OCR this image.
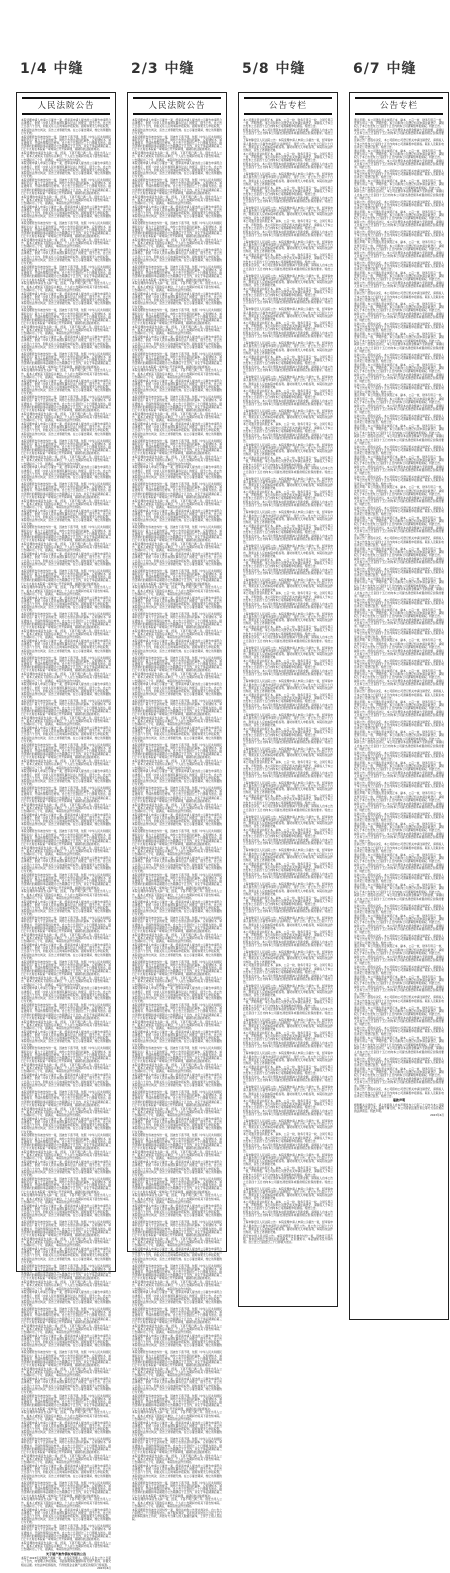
1/4 中缝	2/3 中缝	5/8 中缝	6/7 中缝
人民法院公告

本院受理申请人申请公示催告一案，经审查申请人提出的公示催告申请符合法律规定，依照《中华人民共和国民事诉讼法》的规定，现予公告。自公告之日起六十日内，利害关系人应向本院申报权利。届时如果无人申报权利，本院将依法作出判决，宣告上述票据无效。在公示催告期间，转让该票据的行为无效。

本院受理原告诉被告纠纷一案，因被告下落不明，依照《中华人民共和国民事诉讼法》第九十五条的规定，向你公告送达起诉状副本、应诉通知书、举证通知书、开庭传票等诉讼材料。自公告之日起经过三十日即视为送达。提出答辩状的期限和举证期限为公告期满后十五日内，并定于举证期满后第三日上午九时在本院第一审判庭公开开庭审理，逾期将依法缺席判决。

本院受理的申请宣告失踪一案，经查，下落不明已满二年。现发出寻人公告，希本人或知其下落的有关单位、个人在公告期间内将其下落告知本院。公告期间为三个月，届满后，本院将依法作出判决。

本院受理申请人申请公示催告一案，经审查申请人提出的公示催告申请符合法律规定，依照《中华人民共和国民事诉讼法》的规定，现予公告。自公告之日起六十日内，利害关系人应向本院申报权利。届时如果无人申报权利，本院将依法作出判决，宣告上述票据无效。在公示催告期间，转让该票据的行为无效。

本院受理原告诉被告纠纷一案，因被告下落不明，依照《中华人民共和国民事诉讼法》第九十五条的规定，向你公告送达起诉状副本、应诉通知书、举证通知书、开庭传票等诉讼材料。自公告之日起经过三十日即视为送达。提出答辩状的期限和举证期限为公告期满后十五日内，并定于举证期满后第三日上午九时在本院第一审判庭公开开庭审理，逾期将依法缺席判决。

本院受理的申请宣告失踪一案，经查，下落不明已满二年。现发出寻人公告，希本人或知其下落的有关单位、个人在公告期间内将其下落告知本院。公告期间为三个月，届满后，本院将依法作出判决。

本院受理申请人申请公示催告一案，经审查申请人提出的公示催告申请符合法律规定，依照《中华人民共和国民事诉讼法》的规定，现予公告。自公告之日起六十日内，利害关系人应向本院申报权利。届时如果无人申报权利，本院将依法作出判决，宣告上述票据无效。在公示催告期间，转让该票据的行为无效。

本院受理原告诉被告纠纷一案，因被告下落不明，依照《中华人民共和国民事诉讼法》第九十五条的规定，向你公告送达起诉状副本、应诉通知书、举证通知书、开庭传票等诉讼材料。自公告之日起经过三十日即视为送达。提出答辩状的期限和举证期限为公告期满后十五日内，并定于举证期满后第三日上午九时在本院第一审判庭公开开庭审理，逾期将依法缺席判决。

本院受理的申请宣告失踪一案，经查，下落不明已满二年。现发出寻人公告，希本人或知其下落的有关单位、个人在公告期间内将其下落告知本院。公告期间为三个月，届满后，本院将依法作出判决。

本院受理申请人申请公示催告一案，经审查申请人提出的公示催告申请符合法律规定，依照《中华人民共和国民事诉讼法》的规定，现予公告。自公告之日起六十日内，利害关系人应向本院申报权利。届时如果无人申报权利，本院将依法作出判决，宣告上述票据无效。在公示催告期间，转让该票据的行为无效。

本院受理原告诉被告纠纷一案，因被告下落不明，依照《中华人民共和国民事诉讼法》第九十五条的规定，向你公告送达起诉状副本、应诉通知书、举证通知书、开庭传票等诉讼材料。自公告之日起经过三十日即视为送达。提出答辩状的期限和举证期限为公告期满后十五日内，并定于举证期满后第三日上午九时在本院第一审判庭公开开庭审理，逾期将依法缺席判决。

本院受理的申请宣告失踪一案，经查，下落不明已满二年。现发出寻人公告，希本人或知其下落的有关单位、个人在公告期间内将其下落告知本院。公告期间为三个月，届满后，本院将依法作出判决。

本院受理申请人申请公示催告一案，经审查申请人提出的公示催告申请符合法律规定，依照《中华人民共和国民事诉讼法》的规定，现予公告。自公告之日起六十日内，利害关系人应向本院申报权利。届时如果无人申报权利，本院将依法作出判决，宣告上述票据无效。在公示催告期间，转让该票据的行为无效。

本院受理原告诉被告纠纷一案，因被告下落不明，依照《中华人民共和国民事诉讼法》第九十五条的规定，向你公告送达起诉状副本、应诉通知书、举证通知书、开庭传票等诉讼材料。自公告之日起经过三十日即视为送达。提出答辩状的期限和举证期限为公告期满后十五日内，并定于举证期满后第三日上午九时在本院第一审判庭公开开庭审理，逾期将依法缺席判决。

本院受理的申请宣告失踪一案，经查，下落不明已满二年。现发出寻人公告，希本人或知其下落的有关单位、个人在公告期间内将其下落告知本院。公告期间为三个月，届满后，本院将依法作出判决。

本院受理申请人申请公示催告一案，经审查申请人提出的公示催告申请符合法律规定，依照《中华人民共和国民事诉讼法》的规定，现予公告。自公告之日起六十日内，利害关系人应向本院申报权利。届时如果无人申报权利，本院将依法作出判决，宣告上述票据无效。在公示催告期间，转让该票据的行为无效。

本院受理原告诉被告纠纷一案，因被告下落不明，依照《中华人民共和国民事诉讼法》第九十五条的规定，向你公告送达起诉状副本、应诉通知书、举证通知书、开庭传票等诉讼材料。自公告之日起经过三十日即视为送达。提出答辩状的期限和举证期限为公告期满后十五日内，并定于举证期满后第三日上午九时在本院第一审判庭公开开庭审理，逾期将依法缺席判决。

本院受理的申请宣告失踪一案，经查，下落不明已满二年。现发出寻人公告，希本人或知其下落的有关单位、个人在公告期间内将其下落告知本院。公告期间为三个月，届满后，本院将依法作出判决。

本院受理申请人申请公示催告一案，经审查申请人提出的公示催告申请符合法律规定，依照《中华人民共和国民事诉讼法》的规定，现予公告。自公告之日起六十日内，利害关系人应向本院申报权利。届时如果无人申报权利，本院将依法作出判决，宣告上述票据无效。在公示催告期间，转让该票据的行为无效。

本院受理原告诉被告纠纷一案，因被告下落不明，依照《中华人民共和国民事诉讼法》第九十五条的规定，向你公告送达起诉状副本、应诉通知书、举证通知书、开庭传票等诉讼材料。自公告之日起经过三十日即视为送达。提出答辩状的期限和举证期限为公告期满后十五日内，并定于举证期满后第三日上午九时在本院第一审判庭公开开庭审理，逾期将依法缺席判决。

本院受理的申请宣告失踪一案，经查，下落不明已满二年。现发出寻人公告，希本人或知其下落的有关单位、个人在公告期间内将其下落告知本院。公告期间为三个月，届满后，本院将依法作出判决。

本院受理申请人申请公示催告一案，经审查申请人提出的公示催告申请符合法律规定，依照《中华人民共和国民事诉讼法》的规定，现予公告。自公告之日起六十日内，利害关系人应向本院申报权利。届时如果无人申报权利，本院将依法作出判决，宣告上述票据无效。在公示催告期间，转让该票据的行为无效。

本院受理原告诉被告纠纷一案，因被告下落不明，依照《中华人民共和国民事诉讼法》第九十五条的规定，向你公告送达起诉状副本、应诉通知书、举证通知书、开庭传票等诉讼材料。自公告之日起经过三十日即视为送达。提出答辩状的期限和举证期限为公告期满后十五日内，并定于举证期满后第三日上午九时在本院第一审判庭公开开庭审理，逾期将依法缺席判决。

本院受理的申请宣告失踪一案，经查，下落不明已满二年。现发出寻人公告，希本人或知其下落的有关单位、个人在公告期间内将其下落告知本院。公告期间为三个月，届满后，本院将依法作出判决。

本院受理申请人申请公示催告一案，经审查申请人提出的公示催告申请符合法律规定，依照《中华人民共和国民事诉讼法》的规定，现予公告。自公告之日起六十日内，利害关系人应向本院申报权利。届时如果无人申报权利，本院将依法作出判决，宣告上述票据无效。在公示催告期间，转让该票据的行为无效。

本院受理原告诉被告纠纷一案，因被告下落不明，依照《中华人民共和国民事诉讼法》第九十五条的规定，向你公告送达起诉状副本、应诉通知书、举证通知书、开庭传票等诉讼材料。自公告之日起经过三十日即视为送达。提出答辩状的期限和举证期限为公告期满后十五日内，并定于举证期满后第三日上午九时在本院第一审判庭公开开庭审理，逾期将依法缺席判决。

本院受理的申请宣告失踪一案，经查，下落不明已满二年。现发出寻人公告，希本人或知其下落的有关单位、个人在公告期间内将其下落告知本院。公告期间为三个月，届满后，本院将依法作出判决。

本院受理申请人申请公示催告一案，经审查申请人提出的公示催告申请符合法律规定，依照《中华人民共和国民事诉讼法》的规定，现予公告。自公告之日起六十日内，利害关系人应向本院申报权利。届时如果无人申报权利，本院将依法作出判决，宣告上述票据无效。在公示催告期间，转让该票据的行为无效。

本院受理原告诉被告纠纷一案，因被告下落不明，依照《中华人民共和国民事诉讼法》第九十五条的规定，向你公告送达起诉状副本、应诉通知书、举证通知书、开庭传票等诉讼材料。自公告之日起经过三十日即视为送达。提出答辩状的期限和举证期限为公告期满后十五日内，并定于举证期满后第三日上午九时在本院第一审判庭公开开庭审理，逾期将依法缺席判决。

本院受理的申请宣告失踪一案，经查，下落不明已满二年。现发出寻人公告，希本人或知其下落的有关单位、个人在公告期间内将其下落告知本院。公告期间为三个月，届满后，本院将依法作出判决。

本院受理申请人申请公示催告一案，经审查申请人提出的公示催告申请符合法律规定，依照《中华人民共和国民事诉讼法》的规定，现予公告。自公告之日起六十日内，利害关系人应向本院申报权利。届时如果无人申报权利，本院将依法作出判决，宣告上述票据无效。在公示催告期间，转让该票据的行为无效。

本院受理原告诉被告纠纷一案，因被告下落不明，依照《中华人民共和国民事诉讼法》第九十五条的规定，向你公告送达起诉状副本、应诉通知书、举证通知书、开庭传票等诉讼材料。自公告之日起经过三十日即视为送达。提出答辩状的期限和举证期限为公告期满后十五日内，并定于举证期满后第三日上午九时在本院第一审判庭公开开庭审理，逾期将依法缺席判决。

本院受理的申请宣告失踪一案，经查，下落不明已满二年。现发出寻人公告，希本人或知其下落的有关单位、个人在公告期间内将其下落告知本院。公告期间为三个月，届满后，本院将依法作出判决。

本院受理申请人申请公示催告一案，经审查申请人提出的公示催告申请符合法律规定，依照《中华人民共和国民事诉讼法》的规定，现予公告。自公告之日起六十日内，利害关系人应向本院申报权利。届时如果无人申报权利，本院将依法作出判决，宣告上述票据无效。在公示催告期间，转让该票据的行为无效。

本院受理原告诉被告纠纷一案，因被告下落不明，依照《中华人民共和国民事诉讼法》第九十五条的规定，向你公告送达起诉状副本、应诉通知书、举证通知书、开庭传票等诉讼材料。自公告之日起经过三十日即视为送达。提出答辩状的期限和举证期限为公告期满后十五日内，并定于举证期满后第三日上午九时在本院第一审判庭公开开庭审理，逾期将依法缺席判决。

本院受理的申请宣告失踪一案，经查，下落不明已满二年。现发出寻人公告，希本人或知其下落的有关单位、个人在公告期间内将其下落告知本院。公告期间为三个月，届满后，本院将依法作出判决。

本院受理申请人申请公示催告一案，经审查申请人提出的公示催告申请符合法律规定，依照《中华人民共和国民事诉讼法》的规定，现予公告。自公告之日起六十日内，利害关系人应向本院申报权利。届时如果无人申报权利，本院将依法作出判决，宣告上述票据无效。在公示催告期间，转让该票据的行为无效。

本院受理原告诉被告纠纷一案，因被告下落不明，依照《中华人民共和国民事诉讼法》第九十五条的规定，向你公告送达起诉状副本、应诉通知书、举证通知书、开庭传票等诉讼材料。自公告之日起经过三十日即视为送达。提出答辩状的期限和举证期限为公告期满后十五日内，并定于举证期满后第三日上午九时在本院第一审判庭公开开庭审理，逾期将依法缺席判决。

本院受理的申请宣告失踪一案，经查，下落不明已满二年。现发出寻人公告，希本人或知其下落的有关单位、个人在公告期间内将其下落告知本院。公告期间为三个月，届满后，本院将依法作出判决。

本院受理申请人申请公示催告一案，经审查申请人提出的公示催告申请符合法律规定，依照《中华人民共和国民事诉讼法》的规定，现予公告。自公告之日起六十日内，利害关系人应向本院申报权利。届时如果无人申报权利，本院将依法作出判决，宣告上述票据无效。在公示催告期间，转让该票据的行为无效。

本院受理原告诉被告纠纷一案，因被告下落不明，依照《中华人民共和国民事诉讼法》第九十五条的规定，向你公告送达起诉状副本、应诉通知书、举证通知书、开庭传票等诉讼材料。自公告之日起经过三十日即视为送达。提出答辩状的期限和举证期限为公告期满后十五日内，并定于举证期满后第三日上午九时在本院第一审判庭公开开庭审理，逾期将依法缺席判决。

本院受理的申请宣告失踪一案，经查，下落不明已满二年。现发出寻人公告，希本人或知其下落的有关单位、个人在公告期间内将其下落告知本院。公告期间为三个月，届满后，本院将依法作出判决。

本院受理申请人申请公示催告一案，经审查申请人提出的公示催告申请符合法律规定，依照《中华人民共和国民事诉讼法》的规定，现予公告。自公告之日起六十日内，利害关系人应向本院申报权利。届时如果无人申报权利，本院将依法作出判决，宣告上述票据无效。在公示催告期间，转让该票据的行为无效。

本院受理原告诉被告纠纷一案，因被告下落不明，依照《中华人民共和国民事诉讼法》第九十五条的规定，向你公告送达起诉状副本、应诉通知书、举证通知书、开庭传票等诉讼材料。自公告之日起经过三十日即视为送达。提出答辩状的期限和举证期限为公告期满后十五日内，并定于举证期满后第三日上午九时在本院第一审判庭公开开庭审理，逾期将依法缺席判决。

本院受理的申请宣告失踪一案，经查，下落不明已满二年。现发出寻人公告，希本人或知其下落的有关单位、个人在公告期间内将其下落告知本院。公告期间为三个月，届满后，本院将依法作出判决。

本院受理申请人申请公示催告一案，经审查申请人提出的公示催告申请符合法律规定，依照《中华人民共和国民事诉讼法》的规定，现予公告。自公告之日起六十日内，利害关系人应向本院申报权利。届时如果无人申报权利，本院将依法作出判决，宣告上述票据无效。在公示催告期间，转让该票据的行为无效。

本院受理原告诉被告纠纷一案，因被告下落不明，依照《中华人民共和国民事诉讼法》第九十五条的规定，向你公告送达起诉状副本、应诉通知书、举证通知书、开庭传票等诉讼材料。自公告之日起经过三十日即视为送达。提出答辩状的期限和举证期限为公告期满后十五日内，并定于举证期满后第三日上午九时在本院第一审判庭公开开庭审理，逾期将依法缺席判决。

本院受理的申请宣告失踪一案，经查，下落不明已满二年。现发出寻人公告，希本人或知其下落的有关单位、个人在公告期间内将其下落告知本院。公告期间为三个月，届满后，本院将依法作出判决。

本院受理申请人申请公示催告一案，经审查申请人提出的公示催告申请符合法律规定，依照《中华人民共和国民事诉讼法》的规定，现予公告。自公告之日起六十日内，利害关系人应向本院申报权利。届时如果无人申报权利，本院将依法作出判决，宣告上述票据无效。在公示催告期间，转让该票据的行为无效。

本院受理原告诉被告纠纷一案，因被告下落不明，依照《中华人民共和国民事诉讼法》第九十五条的规定，向你公告送达起诉状副本、应诉通知书、举证通知书、开庭传票等诉讼材料。自公告之日起经过三十日即视为送达。提出答辩状的期限和举证期限为公告期满后十五日内，并定于举证期满后第三日上午九时在本院第一审判庭公开开庭审理，逾期将依法缺席判决。

本院受理的申请宣告失踪一案，经查，下落不明已满二年。现发出寻人公告，希本人或知其下落的有关单位、个人在公告期间内将其下落告知本院。公告期间为三个月，届满后，本院将依法作出判决。

本院受理申请人申请公示催告一案，经审查申请人提出的公示催告申请符合法律规定，依照《中华人民共和国民事诉讼法》的规定，现予公告。自公告之日起六十日内，利害关系人应向本院申报权利。届时如果无人申报权利，本院将依法作出判决，宣告上述票据无效。在公示催告期间，转让该票据的行为无效。

本院受理原告诉被告纠纷一案，因被告下落不明，依照《中华人民共和国民事诉讼法》第九十五条的规定，向你公告送达起诉状副本、应诉通知书、举证通知书、开庭传票等诉讼材料。自公告之日起经过三十日即视为送达。提出答辩状的期限和举证期限为公告期满后十五日内，并定于举证期满后第三日上午九时在本院第一审判庭公开开庭审理，逾期将依法缺席判决。

本院受理的申请宣告失踪一案，经查，下落不明已满二年。现发出寻人公告，希本人或知其下落的有关单位、个人在公告期间内将其下落告知本院。公告期间为三个月，届满后，本院将依法作出判决。

本院受理申请人申请公示催告一案，经审查申请人提出的公示催告申请符合法律规定，依照《中华人民共和国民事诉讼法》的规定，现予公告。自公告之日起六十日内，利害关系人应向本院申报权利。届时如果无人申报权利，本院将依法作出判决，宣告上述票据无效。在公示催告期间，转让该票据的行为无效。

本院受理原告诉被告纠纷一案，因被告下落不明，依照《中华人民共和国民事诉讼法》第九十五条的规定，向你公告送达起诉状副本、应诉通知书、举证通知书、开庭传票等诉讼材料。自公告之日起经过三十日即视为送达。提出答辩状的期限和举证期限为公告期满后十五日内，并定于举证期满后第三日上午九时在本院第一审判庭公开开庭审理，逾期将依法缺席判决。

本院受理的申请宣告失踪一案，经查，下落不明已满二年。现发出寻人公告，希本人或知其下落的有关单位、个人在公告期间内将其下落告知本院。公告期间为三个月，届满后，本院将依法作出判决。

本院受理申请人申请公示催告一案，经审查申请人提出的公示催告申请符合法律规定，依照《中华人民共和国民事诉讼法》的规定，现予公告。自公告之日起六十日内，利害关系人应向本院申报权利。届时如果无人申报权利，本院将依法作出判决，宣告上述票据无效。在公示催告期间，转让该票据的行为无效。

本院受理原告诉被告纠纷一案，因被告下落不明，依照《中华人民共和国民事诉讼法》第九十五条的规定，向你公告送达起诉状副本、应诉通知书、举证通知书、开庭传票等诉讼材料。自公告之日起经过三十日即视为送达。提出答辩状的期限和举证期限为公告期满后十五日内，并定于举证期满后第三日上午九时在本院第一审判庭公开开庭审理，逾期将依法缺席判决。

本院受理的申请宣告失踪一案，经查，下落不明已满二年。现发出寻人公告，希本人或知其下落的有关单位、个人在公告期间内将其下落告知本院。公告期间为三个月，届满后，本院将依法作出判决。

本院受理申请人申请公示催告一案，经审查申请人提出的公示催告申请符合法律规定，依照《中华人民共和国民事诉讼法》的规定，现予公告。自公告之日起六十日内，利害关系人应向本院申报权利。届时如果无人申报权利，本院将依法作出判决，宣告上述票据无效。在公示催告期间，转让该票据的行为无效。

本院受理原告诉被告纠纷一案，因被告下落不明，依照《中华人民共和国民事诉讼法》第九十五条的规定，向你公告送达起诉状副本、应诉通知书、举证通知书、开庭传票等诉讼材料。自公告之日起经过三十日即视为送达。提出答辩状的期限和举证期限为公告期满后十五日内，并定于举证期满后第三日上午九时在本院第一审判庭公开开庭审理，逾期将依法缺席判决。

本院受理的申请宣告失踪一案，经查，下落不明已满二年。现发出寻人公告，希本人或知其下落的有关单位、个人在公告期间内将其下落告知本院。公告期间为三个月，届满后，本院将依法作出判决。

本院受理申请人申请公示催告一案，经审查申请人提出的公示催告申请符合法律规定，依照《中华人民共和国民事诉讼法》的规定，现予公告。自公告之日起六十日内，利害关系人应向本院申报权利。届时如果无人申报权利，本院将依法作出判决，宣告上述票据无效。在公示催告期间，转让该票据的行为无效。

本院受理原告诉被告纠纷一案，因被告下落不明，依照《中华人民共和国民事诉讼法》第九十五条的规定，向你公告送达起诉状副本、应诉通知书、举证通知书、开庭传票等诉讼材料。自公告之日起经过三十日即视为送达。提出答辩状的期限和举证期限为公告期满后十五日内，并定于举证期满后第三日上午九时在本院第一审判庭公开开庭审理，逾期将依法缺席判决。

本院受理的申请宣告失踪一案，经查，下落不明已满二年。现发出寻人公告，希本人或知其下落的有关单位、个人在公告期间内将其下落告知本院。公告期间为三个月，届满后，本院将依法作出判决。

本院受理申请人申请公示催告一案，经审查申请人提出的公示催告申请符合法律规定，依照《中华人民共和国民事诉讼法》的规定，现予公告。自公告之日起六十日内，利害关系人应向本院申报权利。届时如果无人申报权利，本院将依法作出判决，宣告上述票据无效。在公示催告期间，转让该票据的行为无效。

本院受理原告诉被告纠纷一案，因被告下落不明，依照《中华人民共和国民事诉讼法》第九十五条的规定，向你公告送达起诉状副本、应诉通知书、举证通知书、开庭传票等诉讼材料。自公告之日起经过三十日即视为送达。提出答辩状的期限和举证期限为公告期满后十五日内，并定于举证期满后第三日上午九时在本院第一审判庭公开开庭审理，逾期将依法缺席判决。

本院受理的申请宣告失踪一案，经查，下落不明已满二年。现发出寻人公告，希本人或知其下落的有关单位、个人在公告期间内将其下落告知本院。公告期间为三个月，届满后，本院将依法作出判决。

本院受理申请人申请公示催告一案，经审查申请人提出的公示催告申请符合法律规定，依照《中华人民共和国民事诉讼法》的规定，现予公告。自公告之日起六十日内，利害关系人应向本院申报权利。届时如果无人申报权利，本院将依法作出判决，宣告上述票据无效。在公示催告期间，转让该票据的行为无效。

本院受理原告诉被告纠纷一案，因被告下落不明，依照《中华人民共和国民事诉讼法》第九十五条的规定，向你公告送达起诉状副本、应诉通知书、举证通知书、开庭传票等诉讼材料。自公告之日起经过三十日即视为送达。提出答辩状的期限和举证期限为公告期满后十五日内，并定于举证期满后第三日上午九时在本院第一审判庭公开开庭审理，逾期将依法缺席判决。

本院受理的申请宣告失踪一案，经查，下落不明已满二年。现发出寻人公告，希本人或知其下落的有关单位、个人在公告期间内将其下落告知本院。公告期间为三个月，届满后，本院将依法作出判决。

本院受理申请人申请公示催告一案，经审查申请人提出的公示催告申请符合法律规定，依照《中华人民共和国民事诉讼法》的规定，现予公告。自公告之日起六十日内，利害关系人应向本院申报权利。届时如果无人申报权利，本院将依法作出判决，宣告上述票据无效。在公示催告期间，转让该票据的行为无效。

本院受理原告诉被告纠纷一案，因被告下落不明，依照《中华人民共和国民事诉讼法》第九十五条的规定，向你公告送达起诉状副本、应诉通知书、举证通知书、开庭传票等诉讼材料。自公告之日起经过三十日即视为送达。提出答辩状的期限和举证期限为公告期满后十五日内，并定于举证期满后第三日上午九时在本院第一审判庭公开开庭审理，逾期将依法缺席判决。

本院受理的申请宣告失踪一案，经查，下落不明已满二年。现发出寻人公告，希本人或知其下落的有关单位、个人在公告期间内将其下落告知本院。公告期间为三个月，届满后，本院将依法作出判决。

本院受理申请人申请公示催告一案，经审查申请人提出的公示催告申请符合法律规定，依照《中华人民共和国民事诉讼法》的规定，现予公告。自公告之日起六十日内，利害关系人应向本院申报权利。届时如果无人申报权利，本院将依法作出判决，宣告上述票据无效。在公示催告期间，转让该票据的行为无效。

本院受理原告诉被告纠纷一案，因被告下落不明，依照《中华人民共和国民事诉讼法》第九十五条的规定，向你公告送达起诉状副本、应诉通知书、举证通知书、开庭传票等诉讼材料。自公告之日起经过三十日即视为送达。提出答辩状的期限和举证期限为公告期满后十五日内，并定于举证期满后第三日上午九时在本院第一审判庭公开开庭审理，逾期将依法缺席判决。

本院受理的申请宣告失踪一案，经查，下落不明已满二年。现发出寻人公告，希本人或知其下落的有关单位、个人在公告期间内将其下落告知本院。公告期间为三个月，届满后，本院将依法作出判决。

本院受理申请人申请公示催告一案，经审查申请人提出的公示催告申请符合法律规定，依照《中华人民共和国民事诉讼法》的规定，现予公告。自公告之日起六十日内，利害关系人应向本院申报权利。届时如果无人申报权利，本院将依法作出判决，宣告上述票据无效。在公示催告期间，转让该票据的行为无效。

本院受理原告诉被告纠纷一案，因被告下落不明，依照《中华人民共和国民事诉讼法》第九十五条的规定，向你公告送达起诉状副本、应诉通知书、举证通知书、开庭传票等诉讼材料。自公告之日起经过三十日即视为送达。提出答辩状的期限和举证期限为公告期满后十五日内，并定于举证期满后第三日上午九时在本院第一审判庭公开开庭审理，逾期将依法缺席判决。

本院受理的申请宣告失踪一案，经查，下落不明已满二年。现发出寻人公告，希本人或知其下落的有关单位、个人在公告期间内将其下落告知本院。公告期间为三个月，届满后，本院将依法作出判决。

本院受理申请人申请公示催告一案，经审查申请人提出的公示催告申请符合法律规定，依照《中华人民共和国民事诉讼法》的规定，现予公告。自公告之日起六十日内，利害关系人应向本院申报权利。届时如果无人申报权利，本院将依法作出判决，宣告上述票据无效。在公示催告期间，转让该票据的行为无效。

本院受理原告诉被告纠纷一案，因被告下落不明，依照《中华人民共和国民事诉讼法》第九十五条的规定，向你公告送达起诉状副本、应诉通知书、举证通知书、开庭传票等诉讼材料。自公告之日起经过三十日即视为送达。提出答辩状的期限和举证期限为公告期满后十五日内，并定于举证期满后第三日上午九时在本院第一审判庭公开开庭审理，逾期将依法缺席判决。

本院受理的申请宣告失踪一案，经查，下落不明已满二年。现发出寻人公告，希本人或知其下落的有关单位、个人在公告期间内将其下落告知本院。公告期间为三个月，届满后，本院将依法作出判决。

本院受理申请人申请公示催告一案，经审查申请人提出的公示催告申请符合法律规定，依照《中华人民共和国民事诉讼法》的规定，现予公告。自公告之日起六十日内，利害关系人应向本院申报权利。届时如果无人申报权利，本院将依法作出判决，宣告上述票据无效。在公示催告期间，转让该票据的行为无效。

本院受理原告诉被告纠纷一案，因被告下落不明，依照《中华人民共和国民事诉讼法》第九十五条的规定，向你公告送达起诉状副本、应诉通知书、举证通知书、开庭传票等诉讼材料。自公告之日起经过三十日即视为送达。提出答辩状的期限和举证期限为公告期满后十五日内，并定于举证期满后第三日上午九时在本院第一审判庭公开开庭审理，逾期将依法缺席判决。

本院受理的申请宣告失踪一案，经查，下落不明已满二年。现发出寻人公告，希本人或知其下落的有关单位、个人在公告期间内将其下落告知本院。公告期间为三个月，届满后，本院将依法作出判决。

本院受理申请人申请公示催告一案，经审查申请人提出的公示催告申请符合法律规定，依照《中华人民共和国民事诉讼法》的规定，现予公告。自公告之日起六十日内，利害关系人应向本院申报权利。届时如果无人申报权利，本院将依法作出判决，宣告上述票据无效。在公示催告期间，转让该票据的行为无效。

本院受理原告诉被告纠纷一案，因被告下落不明，依照《中华人民共和国民事诉讼法》第九十五条的规定，向你公告送达起诉状副本、应诉通知书、举证通知书、开庭传票等诉讼材料。自公告之日起经过三十日即视为送达。提出答辩状的期限和举证期限为公告期满后十五日内，并定于举证期满后第三日上午九时在本院第一审判庭公开开庭审理，逾期将依法缺席判决。

本院受理的申请宣告失踪一案，经查，下落不明已满二年。现发出寻人公告，希本人或知其下落的有关单位、个人在公告期间内将其下落告知本院。公告期间为三个月，届满后，本院将依法作出判决。

本院受理申请人申请公示催告一案，经审查申请人提出的公示催告申请符合法律规定，依照《中华人民共和国民事诉讼法》的规定，现予公告。自公告之日起六十日内，利害关系人应向本院申报权利。届时如果无人申报权利，本院将依法作出判决，宣告上述票据无效。在公示催告期间，转让该票据的行为无效。

本院受理原告诉被告纠纷一案，因被告下落不明，依照《中华人民共和国民事诉讼法》第九十五条的规定，向你公告送达起诉状副本、应诉通知书、举证通知书、开庭传票等诉讼材料。自公告之日起经过三十日即视为送达。提出答辩状的期限和举证期限为公告期满后十五日内，并定于举证期满后第三日上午九时在本院第一审判庭公开开庭审理，逾期将依法缺席判决。

本院受理的申请宣告失踪一案，经查，下落不明已满二年。现发出寻人公告，希本人或知其下落的有关单位、个人在公告期间内将其下落告知本院。公告期间为三个月，届满后，本院将依法作出判决。

本院受理申请人申请公示催告一案，经审查申请人提出的公示催告申请符合法律规定，依照《中华人民共和国民事诉讼法》的规定，现予公告。自公告之日起六十日内，利害关系人应向本院申报权利。届时如果无人申报权利，本院将依法作出判决，宣告上述票据无效。在公示催告期间，转让该票据的行为无效。

本院受理原告诉被告纠纷一案，因被告下落不明，依照《中华人民共和国民事诉讼法》第九十五条的规定，向你公告送达起诉状副本、应诉通知书、举证通知书、开庭传票等诉讼材料。自公告之日起经过三十日即视为送达。提出答辩状的期限和举证期限为公告期满后十五日内，并定于举证期满后第三日上午九时在本院第一审判庭公开开庭审理，逾期将依法缺席判决。

本院受理的申请宣告失踪一案，经查，下落不明已满二年。现发出寻人公告，希本人或知其下落的有关单位、个人在公告期间内将其下落告知本院。公告期间为三个月，届满后，本院将依法作出判决。

本院受理申请人申请公示催告一案，经审查申请人提出的公示催告申请符合法律规定，依照《中华人民共和国民事诉讼法》的规定，现予公告。自公告之日起六十日内，利害关系人应向本院申报权利。届时如果无人申报权利，本院将依法作出判决，宣告上述票据无效。在公示催告期间，转让该票据的行为无效。

本院受理原告诉被告纠纷一案，因被告下落不明，依照《中华人民共和国民事诉讼法》第九十五条的规定，向你公告送达起诉状副本、应诉通知书、举证通知书、开庭传票等诉讼材料。自公告之日起经过三十日即视为送达。提出答辩状的期限和举证期限为公告期满后十五日内，并定于举证期满后第三日上午九时在本院第一审判庭公开开庭审理，逾期将依法缺席判决。

本院受理的申请宣告失踪一案，经查，下落不明已满二年。现发出寻人公告，希本人或知其下落的有关单位、个人在公告期间内将其下落告知本院。公告期间为三个月，届满后，本院将依法作出判决。

关于破产案件债权申报的公告

本院于2023年受理破产清算一案，并指定管理人。债权人应自公告之日起三十日内，向管理人申报债权，书面说明债权数额和有无财产担保，并提交相关证据。未依法申报债权的，不得依照企业破产法规定的程序行使权利。

2023年6月
人民法院公告

本院受理申请人申请公示催告一案，经审查申请人提出的公示催告申请符合法律规定，依照《中华人民共和国民事诉讼法》的规定，现予公告。自公告之日起六十日内，利害关系人应向本院申报权利。届时如果无人申报权利，本院将依法作出判决，宣告上述票据无效。在公示催告期间，转让该票据的行为无效。

本院受理原告诉被告纠纷一案，因被告下落不明，依照《中华人民共和国民事诉讼法》第九十五条的规定，向你公告送达起诉状副本、应诉通知书、举证通知书、开庭传票等诉讼材料。自公告之日起经过三十日即视为送达。提出答辩状的期限和举证期限为公告期满后十五日内，并定于举证期满后第三日上午九时在本院第一审判庭公开开庭审理，逾期将依法缺席判决。

本院受理的申请宣告失踪一案，经查，下落不明已满二年。现发出寻人公告，希本人或知其下落的有关单位、个人在公告期间内将其下落告知本院。公告期间为三个月，届满后，本院将依法作出判决。

本院受理申请人申请公示催告一案，经审查申请人提出的公示催告申请符合法律规定，依照《中华人民共和国民事诉讼法》的规定，现予公告。自公告之日起六十日内，利害关系人应向本院申报权利。届时如果无人申报权利，本院将依法作出判决，宣告上述票据无效。在公示催告期间，转让该票据的行为无效。

本院受理原告诉被告纠纷一案，因被告下落不明，依照《中华人民共和国民事诉讼法》第九十五条的规定，向你公告送达起诉状副本、应诉通知书、举证通知书、开庭传票等诉讼材料。自公告之日起经过三十日即视为送达。提出答辩状的期限和举证期限为公告期满后十五日内，并定于举证期满后第三日上午九时在本院第一审判庭公开开庭审理，逾期将依法缺席判决。

本院受理的申请宣告失踪一案，经查，下落不明已满二年。现发出寻人公告，希本人或知其下落的有关单位、个人在公告期间内将其下落告知本院。公告期间为三个月，届满后，本院将依法作出判决。

本院受理申请人申请公示催告一案，经审查申请人提出的公示催告申请符合法律规定，依照《中华人民共和国民事诉讼法》的规定，现予公告。自公告之日起六十日内，利害关系人应向本院申报权利。届时如果无人申报权利，本院将依法作出判决，宣告上述票据无效。在公示催告期间，转让该票据的行为无效。

本院受理原告诉被告纠纷一案，因被告下落不明，依照《中华人民共和国民事诉讼法》第九十五条的规定，向你公告送达起诉状副本、应诉通知书、举证通知书、开庭传票等诉讼材料。自公告之日起经过三十日即视为送达。提出答辩状的期限和举证期限为公告期满后十五日内，并定于举证期满后第三日上午九时在本院第一审判庭公开开庭审理，逾期将依法缺席判决。

本院受理的申请宣告失踪一案，经查，下落不明已满二年。现发出寻人公告，希本人或知其下落的有关单位、个人在公告期间内将其下落告知本院。公告期间为三个月，届满后，本院将依法作出判决。

本院受理申请人申请公示催告一案，经审查申请人提出的公示催告申请符合法律规定，依照《中华人民共和国民事诉讼法》的规定，现予公告。自公告之日起六十日内，利害关系人应向本院申报权利。届时如果无人申报权利，本院将依法作出判决，宣告上述票据无效。在公示催告期间，转让该票据的行为无效。

本院受理原告诉被告纠纷一案，因被告下落不明，依照《中华人民共和国民事诉讼法》第九十五条的规定，向你公告送达起诉状副本、应诉通知书、举证通知书、开庭传票等诉讼材料。自公告之日起经过三十日即视为送达。提出答辩状的期限和举证期限为公告期满后十五日内，并定于举证期满后第三日上午九时在本院第一审判庭公开开庭审理，逾期将依法缺席判决。

本院受理的申请宣告失踪一案，经查，下落不明已满二年。现发出寻人公告，希本人或知其下落的有关单位、个人在公告期间内将其下落告知本院。公告期间为三个月，届满后，本院将依法作出判决。

本院受理申请人申请公示催告一案，经审查申请人提出的公示催告申请符合法律规定，依照《中华人民共和国民事诉讼法》的规定，现予公告。自公告之日起六十日内，利害关系人应向本院申报权利。届时如果无人申报权利，本院将依法作出判决，宣告上述票据无效。在公示催告期间，转让该票据的行为无效。

本院受理原告诉被告纠纷一案，因被告下落不明，依照《中华人民共和国民事诉讼法》第九十五条的规定，向你公告送达起诉状副本、应诉通知书、举证通知书、开庭传票等诉讼材料。自公告之日起经过三十日即视为送达。提出答辩状的期限和举证期限为公告期满后十五日内，并定于举证期满后第三日上午九时在本院第一审判庭公开开庭审理，逾期将依法缺席判决。

本院受理的申请宣告失踪一案，经查，下落不明已满二年。现发出寻人公告，希本人或知其下落的有关单位、个人在公告期间内将其下落告知本院。公告期间为三个月，届满后，本院将依法作出判决。

本院受理申请人申请公示催告一案，经审查申请人提出的公示催告申请符合法律规定，依照《中华人民共和国民事诉讼法》的规定，现予公告。自公告之日起六十日内，利害关系人应向本院申报权利。届时如果无人申报权利，本院将依法作出判决，宣告上述票据无效。在公示催告期间，转让该票据的行为无效。

本院受理原告诉被告纠纷一案，因被告下落不明，依照《中华人民共和国民事诉讼法》第九十五条的规定，向你公告送达起诉状副本、应诉通知书、举证通知书、开庭传票等诉讼材料。自公告之日起经过三十日即视为送达。提出答辩状的期限和举证期限为公告期满后十五日内，并定于举证期满后第三日上午九时在本院第一审判庭公开开庭审理，逾期将依法缺席判决。

本院受理的申请宣告失踪一案，经查，下落不明已满二年。现发出寻人公告，希本人或知其下落的有关单位、个人在公告期间内将其下落告知本院。公告期间为三个月，届满后，本院将依法作出判决。

本院受理申请人申请公示催告一案，经审查申请人提出的公示催告申请符合法律规定，依照《中华人民共和国民事诉讼法》的规定，现予公告。自公告之日起六十日内，利害关系人应向本院申报权利。届时如果无人申报权利，本院将依法作出判决，宣告上述票据无效。在公示催告期间，转让该票据的行为无效。

本院受理原告诉被告纠纷一案，因被告下落不明，依照《中华人民共和国民事诉讼法》第九十五条的规定，向你公告送达起诉状副本、应诉通知书、举证通知书、开庭传票等诉讼材料。自公告之日起经过三十日即视为送达。提出答辩状的期限和举证期限为公告期满后十五日内，并定于举证期满后第三日上午九时在本院第一审判庭公开开庭审理，逾期将依法缺席判决。

本院受理的申请宣告失踪一案，经查，下落不明已满二年。现发出寻人公告，希本人或知其下落的有关单位、个人在公告期间内将其下落告知本院。公告期间为三个月，届满后，本院将依法作出判决。

本院受理申请人申请公示催告一案，经审查申请人提出的公示催告申请符合法律规定，依照《中华人民共和国民事诉讼法》的规定，现予公告。自公告之日起六十日内，利害关系人应向本院申报权利。届时如果无人申报权利，本院将依法作出判决，宣告上述票据无效。在公示催告期间，转让该票据的行为无效。

本院受理原告诉被告纠纷一案，因被告下落不明，依照《中华人民共和国民事诉讼法》第九十五条的规定，向你公告送达起诉状副本、应诉通知书、举证通知书、开庭传票等诉讼材料。自公告之日起经过三十日即视为送达。提出答辩状的期限和举证期限为公告期满后十五日内，并定于举证期满后第三日上午九时在本院第一审判庭公开开庭审理，逾期将依法缺席判决。

本院受理的申请宣告失踪一案，经查，下落不明已满二年。现发出寻人公告，希本人或知其下落的有关单位、个人在公告期间内将其下落告知本院。公告期间为三个月，届满后，本院将依法作出判决。

本院受理申请人申请公示催告一案，经审查申请人提出的公示催告申请符合法律规定，依照《中华人民共和国民事诉讼法》的规定，现予公告。自公告之日起六十日内，利害关系人应向本院申报权利。届时如果无人申报权利，本院将依法作出判决，宣告上述票据无效。在公示催告期间，转让该票据的行为无效。

本院受理原告诉被告纠纷一案，因被告下落不明，依照《中华人民共和国民事诉讼法》第九十五条的规定，向你公告送达起诉状副本、应诉通知书、举证通知书、开庭传票等诉讼材料。自公告之日起经过三十日即视为送达。提出答辩状的期限和举证期限为公告期满后十五日内，并定于举证期满后第三日上午九时在本院第一审判庭公开开庭审理，逾期将依法缺席判决。

本院受理的申请宣告失踪一案，经查，下落不明已满二年。现发出寻人公告，希本人或知其下落的有关单位、个人在公告期间内将其下落告知本院。公告期间为三个月，届满后，本院将依法作出判决。

本院受理申请人申请公示催告一案，经审查申请人提出的公示催告申请符合法律规定，依照《中华人民共和国民事诉讼法》的规定，现予公告。自公告之日起六十日内，利害关系人应向本院申报权利。届时如果无人申报权利，本院将依法作出判决，宣告上述票据无效。在公示催告期间，转让该票据的行为无效。

本院受理原告诉被告纠纷一案，因被告下落不明，依照《中华人民共和国民事诉讼法》第九十五条的规定，向你公告送达起诉状副本、应诉通知书、举证通知书、开庭传票等诉讼材料。自公告之日起经过三十日即视为送达。提出答辩状的期限和举证期限为公告期满后十五日内，并定于举证期满后第三日上午九时在本院第一审判庭公开开庭审理，逾期将依法缺席判决。

本院受理的申请宣告失踪一案，经查，下落不明已满二年。现发出寻人公告，希本人或知其下落的有关单位、个人在公告期间内将其下落告知本院。公告期间为三个月，届满后，本院将依法作出判决。

本院受理申请人申请公示催告一案，经审查申请人提出的公示催告申请符合法律规定，依照《中华人民共和国民事诉讼法》的规定，现予公告。自公告之日起六十日内，利害关系人应向本院申报权利。届时如果无人申报权利，本院将依法作出判决，宣告上述票据无效。在公示催告期间，转让该票据的行为无效。

本院受理原告诉被告纠纷一案，因被告下落不明，依照《中华人民共和国民事诉讼法》第九十五条的规定，向你公告送达起诉状副本、应诉通知书、举证通知书、开庭传票等诉讼材料。自公告之日起经过三十日即视为送达。提出答辩状的期限和举证期限为公告期满后十五日内，并定于举证期满后第三日上午九时在本院第一审判庭公开开庭审理，逾期将依法缺席判决。

本院受理的申请宣告失踪一案，经查，下落不明已满二年。现发出寻人公告，希本人或知其下落的有关单位、个人在公告期间内将其下落告知本院。公告期间为三个月，届满后，本院将依法作出判决。

本院受理申请人申请公示催告一案，经审查申请人提出的公示催告申请符合法律规定，依照《中华人民共和国民事诉讼法》的规定，现予公告。自公告之日起六十日内，利害关系人应向本院申报权利。届时如果无人申报权利，本院将依法作出判决，宣告上述票据无效。在公示催告期间，转让该票据的行为无效。

本院受理原告诉被告纠纷一案，因被告下落不明，依照《中华人民共和国民事诉讼法》第九十五条的规定，向你公告送达起诉状副本、应诉通知书、举证通知书、开庭传票等诉讼材料。自公告之日起经过三十日即视为送达。提出答辩状的期限和举证期限为公告期满后十五日内，并定于举证期满后第三日上午九时在本院第一审判庭公开开庭审理，逾期将依法缺席判决。

本院受理的申请宣告失踪一案，经查，下落不明已满二年。现发出寻人公告，希本人或知其下落的有关单位、个人在公告期间内将其下落告知本院。公告期间为三个月，届满后，本院将依法作出判决。

本院受理申请人申请公示催告一案，经审查申请人提出的公示催告申请符合法律规定，依照《中华人民共和国民事诉讼法》的规定，现予公告。自公告之日起六十日内，利害关系人应向本院申报权利。届时如果无人申报权利，本院将依法作出判决，宣告上述票据无效。在公示催告期间，转让该票据的行为无效。

本院受理原告诉被告纠纷一案，因被告下落不明，依照《中华人民共和国民事诉讼法》第九十五条的规定，向你公告送达起诉状副本、应诉通知书、举证通知书、开庭传票等诉讼材料。自公告之日起经过三十日即视为送达。提出答辩状的期限和举证期限为公告期满后十五日内，并定于举证期满后第三日上午九时在本院第一审判庭公开开庭审理，逾期将依法缺席判决。

本院受理的申请宣告失踪一案，经查，下落不明已满二年。现发出寻人公告，希本人或知其下落的有关单位、个人在公告期间内将其下落告知本院。公告期间为三个月，届满后，本院将依法作出判决。

本院受理申请人申请公示催告一案，经审查申请人提出的公示催告申请符合法律规定，依照《中华人民共和国民事诉讼法》的规定，现予公告。自公告之日起六十日内，利害关系人应向本院申报权利。届时如果无人申报权利，本院将依法作出判决，宣告上述票据无效。在公示催告期间，转让该票据的行为无效。

本院受理原告诉被告纠纷一案，因被告下落不明，依照《中华人民共和国民事诉讼法》第九十五条的规定，向你公告送达起诉状副本、应诉通知书、举证通知书、开庭传票等诉讼材料。自公告之日起经过三十日即视为送达。提出答辩状的期限和举证期限为公告期满后十五日内，并定于举证期满后第三日上午九时在本院第一审判庭公开开庭审理，逾期将依法缺席判决。

本院受理的申请宣告失踪一案，经查，下落不明已满二年。现发出寻人公告，希本人或知其下落的有关单位、个人在公告期间内将其下落告知本院。公告期间为三个月，届满后，本院将依法作出判决。

本院受理申请人申请公示催告一案，经审查申请人提出的公示催告申请符合法律规定，依照《中华人民共和国民事诉讼法》的规定，现予公告。自公告之日起六十日内，利害关系人应向本院申报权利。届时如果无人申报权利，本院将依法作出判决，宣告上述票据无效。在公示催告期间，转让该票据的行为无效。

本院受理原告诉被告纠纷一案，因被告下落不明，依照《中华人民共和国民事诉讼法》第九十五条的规定，向你公告送达起诉状副本、应诉通知书、举证通知书、开庭传票等诉讼材料。自公告之日起经过三十日即视为送达。提出答辩状的期限和举证期限为公告期满后十五日内，并定于举证期满后第三日上午九时在本院第一审判庭公开开庭审理，逾期将依法缺席判决。

本院受理的申请宣告失踪一案，经查，下落不明已满二年。现发出寻人公告，希本人或知其下落的有关单位、个人在公告期间内将其下落告知本院。公告期间为三个月，届满后，本院将依法作出判决。

本院受理申请人申请公示催告一案，经审查申请人提出的公示催告申请符合法律规定，依照《中华人民共和国民事诉讼法》的规定，现予公告。自公告之日起六十日内，利害关系人应向本院申报权利。届时如果无人申报权利，本院将依法作出判决，宣告上述票据无效。在公示催告期间，转让该票据的行为无效。

本院受理原告诉被告纠纷一案，因被告下落不明，依照《中华人民共和国民事诉讼法》第九十五条的规定，向你公告送达起诉状副本、应诉通知书、举证通知书、开庭传票等诉讼材料。自公告之日起经过三十日即视为送达。提出答辩状的期限和举证期限为公告期满后十五日内，并定于举证期满后第三日上午九时在本院第一审判庭公开开庭审理，逾期将依法缺席判决。

本院受理的申请宣告失踪一案，经查，下落不明已满二年。现发出寻人公告，希本人或知其下落的有关单位、个人在公告期间内将其下落告知本院。公告期间为三个月，届满后，本院将依法作出判决。

本院受理申请人申请公示催告一案，经审查申请人提出的公示催告申请符合法律规定，依照《中华人民共和国民事诉讼法》的规定，现予公告。自公告之日起六十日内，利害关系人应向本院申报权利。届时如果无人申报权利，本院将依法作出判决，宣告上述票据无效。在公示催告期间，转让该票据的行为无效。

本院受理原告诉被告纠纷一案，因被告下落不明，依照《中华人民共和国民事诉讼法》第九十五条的规定，向你公告送达起诉状副本、应诉通知书、举证通知书、开庭传票等诉讼材料。自公告之日起经过三十日即视为送达。提出答辩状的期限和举证期限为公告期满后十五日内，并定于举证期满后第三日上午九时在本院第一审判庭公开开庭审理，逾期将依法缺席判决。

本院受理的申请宣告失踪一案，经查，下落不明已满二年。现发出寻人公告，希本人或知其下落的有关单位、个人在公告期间内将其下落告知本院。公告期间为三个月，届满后，本院将依法作出判决。

本院受理申请人申请公示催告一案，经审查申请人提出的公示催告申请符合法律规定，依照《中华人民共和国民事诉讼法》的规定，现予公告。自公告之日起六十日内，利害关系人应向本院申报权利。届时如果无人申报权利，本院将依法作出判决，宣告上述票据无效。在公示催告期间，转让该票据的行为无效。

本院受理原告诉被告纠纷一案，因被告下落不明，依照《中华人民共和国民事诉讼法》第九十五条的规定，向你公告送达起诉状副本、应诉通知书、举证通知书、开庭传票等诉讼材料。自公告之日起经过三十日即视为送达。提出答辩状的期限和举证期限为公告期满后十五日内，并定于举证期满后第三日上午九时在本院第一审判庭公开开庭审理，逾期将依法缺席判决。

本院受理的申请宣告失踪一案，经查，下落不明已满二年。现发出寻人公告，希本人或知其下落的有关单位、个人在公告期间内将其下落告知本院。公告期间为三个月，届满后，本院将依法作出判决。

本院受理申请人申请公示催告一案，经审查申请人提出的公示催告申请符合法律规定，依照《中华人民共和国民事诉讼法》的规定，现予公告。自公告之日起六十日内，利害关系人应向本院申报权利。届时如果无人申报权利，本院将依法作出判决，宣告上述票据无效。在公示催告期间，转让该票据的行为无效。

本院受理原告诉被告纠纷一案，因被告下落不明，依照《中华人民共和国民事诉讼法》第九十五条的规定，向你公告送达起诉状副本、应诉通知书、举证通知书、开庭传票等诉讼材料。自公告之日起经过三十日即视为送达。提出答辩状的期限和举证期限为公告期满后十五日内，并定于举证期满后第三日上午九时在本院第一审判庭公开开庭审理，逾期将依法缺席判决。

本院受理的申请宣告失踪一案，经查，下落不明已满二年。现发出寻人公告，希本人或知其下落的有关单位、个人在公告期间内将其下落告知本院。公告期间为三个月，届满后，本院将依法作出判决。

本院受理申请人申请公示催告一案，经审查申请人提出的公示催告申请符合法律规定，依照《中华人民共和国民事诉讼法》的规定，现予公告。自公告之日起六十日内，利害关系人应向本院申报权利。届时如果无人申报权利，本院将依法作出判决，宣告上述票据无效。在公示催告期间，转让该票据的行为无效。

本院受理原告诉被告纠纷一案，因被告下落不明，依照《中华人民共和国民事诉讼法》第九十五条的规定，向你公告送达起诉状副本、应诉通知书、举证通知书、开庭传票等诉讼材料。自公告之日起经过三十日即视为送达。提出答辩状的期限和举证期限为公告期满后十五日内，并定于举证期满后第三日上午九时在本院第一审判庭公开开庭审理，逾期将依法缺席判决。

本院受理的申请宣告失踪一案，经查，下落不明已满二年。现发出寻人公告，希本人或知其下落的有关单位、个人在公告期间内将其下落告知本院。公告期间为三个月，届满后，本院将依法作出判决。

本院受理申请人申请公示催告一案，经审查申请人提出的公示催告申请符合法律规定，依照《中华人民共和国民事诉讼法》的规定，现予公告。自公告之日起六十日内，利害关系人应向本院申报权利。届时如果无人申报权利，本院将依法作出判决，宣告上述票据无效。在公示催告期间，转让该票据的行为无效。

本院受理原告诉被告纠纷一案，因被告下落不明，依照《中华人民共和国民事诉讼法》第九十五条的规定，向你公告送达起诉状副本、应诉通知书、举证通知书、开庭传票等诉讼材料。自公告之日起经过三十日即视为送达。提出答辩状的期限和举证期限为公告期满后十五日内，并定于举证期满后第三日上午九时在本院第一审判庭公开开庭审理，逾期将依法缺席判决。

本院受理的申请宣告失踪一案，经查，下落不明已满二年。现发出寻人公告，希本人或知其下落的有关单位、个人在公告期间内将其下落告知本院。公告期间为三个月，届满后，本院将依法作出判决。

本院受理申请人申请公示催告一案，经审查申请人提出的公示催告申请符合法律规定，依照《中华人民共和国民事诉讼法》的规定，现予公告。自公告之日起六十日内，利害关系人应向本院申报权利。届时如果无人申报权利，本院将依法作出判决，宣告上述票据无效。在公示催告期间，转让该票据的行为无效。

本院受理原告诉被告纠纷一案，因被告下落不明，依照《中华人民共和国民事诉讼法》第九十五条的规定，向你公告送达起诉状副本、应诉通知书、举证通知书、开庭传票等诉讼材料。自公告之日起经过三十日即视为送达。提出答辩状的期限和举证期限为公告期满后十五日内，并定于举证期满后第三日上午九时在本院第一审判庭公开开庭审理，逾期将依法缺席判决。

本院受理的申请宣告失踪一案，经查，下落不明已满二年。现发出寻人公告，希本人或知其下落的有关单位、个人在公告期间内将其下落告知本院。公告期间为三个月，届满后，本院将依法作出判决。

本院受理申请人申请公示催告一案，经审查申请人提出的公示催告申请符合法律规定，依照《中华人民共和国民事诉讼法》的规定，现予公告。自公告之日起六十日内，利害关系人应向本院申报权利。届时如果无人申报权利，本院将依法作出判决，宣告上述票据无效。在公示催告期间，转让该票据的行为无效。

本院受理原告诉被告纠纷一案，因被告下落不明，依照《中华人民共和国民事诉讼法》第九十五条的规定，向你公告送达起诉状副本、应诉通知书、举证通知书、开庭传票等诉讼材料。自公告之日起经过三十日即视为送达。提出答辩状的期限和举证期限为公告期满后十五日内，并定于举证期满后第三日上午九时在本院第一审判庭公开开庭审理，逾期将依法缺席判决。

本院受理的申请宣告失踪一案，经查，下落不明已满二年。现发出寻人公告，希本人或知其下落的有关单位、个人在公告期间内将其下落告知本院。公告期间为三个月，届满后，本院将依法作出判决。

本院受理申请人申请公示催告一案，经审查申请人提出的公示催告申请符合法律规定，依照《中华人民共和国民事诉讼法》的规定，现予公告。自公告之日起六十日内，利害关系人应向本院申报权利。届时如果无人申报权利，本院将依法作出判决，宣告上述票据无效。在公示催告期间，转让该票据的行为无效。

本院受理原告诉被告纠纷一案，因被告下落不明，依照《中华人民共和国民事诉讼法》第九十五条的规定，向你公告送达起诉状副本、应诉通知书、举证通知书、开庭传票等诉讼材料。自公告之日起经过三十日即视为送达。提出答辩状的期限和举证期限为公告期满后十五日内，并定于举证期满后第三日上午九时在本院第一审判庭公开开庭审理，逾期将依法缺席判决。

本院受理的申请宣告失踪一案，经查，下落不明已满二年。现发出寻人公告，希本人或知其下落的有关单位、个人在公告期间内将其下落告知本院。公告期间为三个月，届满后，本院将依法作出判决。

本院受理申请人申请公示催告一案，经审查申请人提出的公示催告申请符合法律规定，依照《中华人民共和国民事诉讼法》的规定，现予公告。自公告之日起六十日内，利害关系人应向本院申报权利。届时如果无人申报权利，本院将依法作出判决，宣告上述票据无效。在公示催告期间，转让该票据的行为无效。

本院受理原告诉被告纠纷一案，因被告下落不明，依照《中华人民共和国民事诉讼法》第九十五条的规定，向你公告送达起诉状副本、应诉通知书、举证通知书、开庭传票等诉讼材料。自公告之日起经过三十日即视为送达。提出答辩状的期限和举证期限为公告期满后十五日内，并定于举证期满后第三日上午九时在本院第一审判庭公开开庭审理，逾期将依法缺席判决。

本院受理的申请宣告失踪一案，经查，下落不明已满二年。现发出寻人公告，希本人或知其下落的有关单位、个人在公告期间内将其下落告知本院。公告期间为三个月，届满后，本院将依法作出判决。

本院受理申请人申请公示催告一案，经审查申请人提出的公示催告申请符合法律规定，依照《中华人民共和国民事诉讼法》的规定，现予公告。自公告之日起六十日内，利害关系人应向本院申报权利。届时如果无人申报权利，本院将依法作出判决，宣告上述票据无效。在公示催告期间，转让该票据的行为无效。

本院受理原告诉被告纠纷一案，因被告下落不明，依照《中华人民共和国民事诉讼法》第九十五条的规定，向你公告送达起诉状副本、应诉通知书、举证通知书、开庭传票等诉讼材料。自公告之日起经过三十日即视为送达。提出答辩状的期限和举证期限为公告期满后十五日内，并定于举证期满后第三日上午九时在本院第一审判庭公开开庭审理，逾期将依法缺席判决。

本院受理的申请宣告失踪一案，经查，下落不明已满二年。现发出寻人公告，希本人或知其下落的有关单位、个人在公告期间内将其下落告知本院。公告期间为三个月，届满后，本院将依法作出判决。

本院受理申请人申请公示催告一案，经审查申请人提出的公示催告申请符合法律规定，依照《中华人民共和国民事诉讼法》的规定，现予公告。自公告之日起六十日内，利害关系人应向本院申报权利。届时如果无人申报权利，本院将依法作出判决，宣告上述票据无效。在公示催告期间，转让该票据的行为无效。

本院受理原告诉被告纠纷一案，因被告下落不明，依照《中华人民共和国民事诉讼法》第九十五条的规定，向你公告送达起诉状副本、应诉通知书、举证通知书、开庭传票等诉讼材料。自公告之日起经过三十日即视为送达。提出答辩状的期限和举证期限为公告期满后十五日内，并定于举证期满后第三日上午九时在本院第一审判庭公开开庭审理，逾期将依法缺席判决。

本院受理的申请宣告失踪一案，经查，下落不明已满二年。现发出寻人公告，希本人或知其下落的有关单位、个人在公告期间内将其下落告知本院。公告期间为三个月，届满后，本院将依法作出判决。

本院受理申请人申请公示催告一案，经审查申请人提出的公示催告申请符合法律规定，依照《中华人民共和国民事诉讼法》的规定，现予公告。自公告之日起六十日内，利害关系人应向本院申报权利。届时如果无人申报权利，本院将依法作出判决，宣告上述票据无效。在公示催告期间，转让该票据的行为无效。

本院受理原告诉被告纠纷一案，因被告下落不明，依照《中华人民共和国民事诉讼法》第九十五条的规定，向你公告送达起诉状副本、应诉通知书、举证通知书、开庭传票等诉讼材料。自公告之日起经过三十日即视为送达。提出答辩状的期限和举证期限为公告期满后十五日内，并定于举证期满后第三日上午九时在本院第一审判庭公开开庭审理，逾期将依法缺席判决。

本院受理的申请宣告失踪一案，经查，下落不明已满二年。现发出寻人公告，希本人或知其下落的有关单位、个人在公告期间内将其下落告知本院。公告期间为三个月，届满后，本院将依法作出判决。

本院受理申请人申请公示催告一案，经审查申请人提出的公示催告申请符合法律规定，依照《中华人民共和国民事诉讼法》的规定，现予公告。自公告之日起六十日内，利害关系人应向本院申报权利。届时如果无人申报权利，本院将依法作出判决，宣告上述票据无效。在公示催告期间，转让该票据的行为无效。

本院受理原告诉被告纠纷一案，因被告下落不明，依照《中华人民共和国民事诉讼法》第九十五条的规定，向你公告送达起诉状副本、应诉通知书、举证通知书、开庭传票等诉讼材料。自公告之日起经过三十日即视为送达。提出答辩状的期限和举证期限为公告期满后十五日内，并定于举证期满后第三日上午九时在本院第一审判庭公开开庭审理，逾期将依法缺席判决。

本院受理的申请宣告失踪一案，经查，下落不明已满二年。现发出寻人公告，希本人或知其下落的有关单位、个人在公告期间内将其下落告知本院。公告期间为三个月，届满后，本院将依法作出判决。

本院受理申请人申请公示催告一案，经审查申请人提出的公示催告申请符合法律规定，依照《中华人民共和国民事诉讼法》的规定，现予公告。自公告之日起六十日内，利害关系人应向本院申报权利。届时如果无人申报权利，本院将依法作出判决，宣告上述票据无效。在公示催告期间，转让该票据的行为无效。

本院受理原告诉被告纠纷一案，因被告下落不明，依照《中华人民共和国民事诉讼法》第九十五条的规定，向你公告送达起诉状副本、应诉通知书、举证通知书、开庭传票等诉讼材料。自公告之日起经过三十日即视为送达。提出答辩状的期限和举证期限为公告期满后十五日内，并定于举证期满后第三日上午九时在本院第一审判庭公开开庭审理，逾期将依法缺席判决。

本院受理的申请宣告失踪一案，经查，下落不明已满二年。现发出寻人公告，希本人或知其下落的有关单位、个人在公告期间内将其下落告知本院。公告期间为三个月，届满后，本院将依法作出判决。

本院受理申请人申请公示催告一案，经审查申请人提出的公示催告申请符合法律规定，依照《中华人民共和国民事诉讼法》的规定，现予公告。自公告之日起六十日内，利害关系人应向本院申报权利。届时如果无人申报权利，本院将依法作出判决，宣告上述票据无效。在公示催告期间，转让该票据的行为无效。

本院受理原告诉被告纠纷一案，因被告下落不明，依照《中华人民共和国民事诉讼法》第九十五条的规定，向你公告送达起诉状副本、应诉通知书、举证通知书、开庭传票等诉讼材料。自公告之日起经过三十日即视为送达。提出答辩状的期限和举证期限为公告期满后十五日内，并定于举证期满后第三日上午九时在本院第一审判庭公开开庭审理，逾期将依法缺席判决。

本院受理的申请宣告失踪一案，经查，下落不明已满二年。现发出寻人公告，希本人或知其下落的有关单位、个人在公告期间内将其下落告知本院。公告期间为三个月，届满后，本院将依法作出判决。

本院受理申请人申请公示催告一案，经审查申请人提出的公示催告申请符合法律规定，依照《中华人民共和国民事诉讼法》的规定，现予公告。自公告之日起六十日内，利害关系人应向本院申报权利。届时如果无人申报权利，本院将依法作出判决，宣告上述票据无效。在公示催告期间，转让该票据的行为无效。

本院受理原告诉被告纠纷一案，因被告下落不明，依照《中华人民共和国民事诉讼法》第九十五条的规定，向你公告送达起诉状副本、应诉通知书、举证通知书、开庭传票等诉讼材料。自公告之日起经过三十日即视为送达。提出答辩状的期限和举证期限为公告期满后十五日内，并定于举证期满后第三日上午九时在本院第一审判庭公开开庭审理，逾期将依法缺席判决。

本院受理的申请宣告失踪一案，经查，下落不明已满二年。现发出寻人公告，希本人或知其下落的有关单位、个人在公告期间内将其下落告知本院。公告期间为三个月，届满后，本院将依法作出判决。

本院受理原告诉被告合同纠纷一案，现依法向你公告送达判决书。自公告之日起经过三十日即视为送达。如不服本判决，可在判决书送达之日起十五日内向本院递交上诉状，并按对方当事人的人数提出副本，上诉于上级人民法院。

公告专栏

本公司遗失营业执照正本、副本，公章一枚，财务专用章一枚，合同专用章一枚，声明作废。本公司拟向公司登记机关申请注销登记，请债权人于本公告发布之日起四十五日内向本公司清算组申报债权。特此公告。

经股东会决议，本公司注册资本由原金额减少至新金额，请债权人自本公告之日起四十五日内向本公司提出清偿债务或提供相应担保的要求。特此公告。

上海市静安区人民法院公告：本院受理申请人申请公示催告一案，经审查申请人提出的公示催告申请符合法律规定，现予公告。自公告之日起六十日内，利害关系人应向本院申报权利。届时如果无人申报权利，本院将依法作出判决，宣告上述票据无效。

本公司遗失营业执照正本、副本，公章一枚，财务专用章一枚，合同专用章一枚，声明作废。本公司拟向公司登记机关申请注销登记，请债权人于本公告发布之日起四十五日内向本公司清算组申报债权。特此公告。

经股东会决议，本公司注册资本由原金额减少至新金额，请债权人自本公告之日起四十五日内向本公司提出清偿债务或提供相应担保的要求。特此公告。

上海市静安区人民法院公告：本院受理申请人申请公示催告一案，经审查申请人提出的公示催告申请符合法律规定，现予公告。自公告之日起六十日内，利害关系人应向本院申报权利。届时如果无人申报权利，本院将依法作出判决，宣告上述票据无效。

本公司遗失营业执照正本、副本，公章一枚，财务专用章一枚，合同专用章一枚，声明作废。本公司拟向公司登记机关申请注销登记，请债权人于本公告发布之日起四十五日内向本公司清算组申报债权。特此公告。

经股东会决议，本公司注册资本由原金额减少至新金额，请债权人自本公告之日起四十五日内向本公司提出清偿债务或提供相应担保的要求。特此公告。

上海市静安区人民法院公告：本院受理申请人申请公示催告一案，经审查申请人提出的公示催告申请符合法律规定，现予公告。自公告之日起六十日内，利害关系人应向本院申报权利。届时如果无人申报权利，本院将依法作出判决，宣告上述票据无效。

本公司遗失营业执照正本、副本，公章一枚，财务专用章一枚，合同专用章一枚，声明作废。本公司拟向公司登记机关申请注销登记，请债权人于本公告发布之日起四十五日内向本公司清算组申报债权。特此公告。

经股东会决议，本公司注册资本由原金额减少至新金额，请债权人自本公告之日起四十五日内向本公司提出清偿债务或提供相应担保的要求。特此公告。

上海市静安区人民法院公告：本院受理申请人申请公示催告一案，经审查申请人提出的公示催告申请符合法律规定，现予公告。自公告之日起六十日内，利害关系人应向本院申报权利。届时如果无人申报权利，本院将依法作出判决，宣告上述票据无效。

本公司遗失营业执照正本、副本，公章一枚，财务专用章一枚，合同专用章一枚，声明作废。本公司拟向公司登记机关申请注销登记，请债权人于本公告发布之日起四十五日内向本公司清算组申报债权。特此公告。

经股东会决议，本公司注册资本由原金额减少至新金额，请债权人自本公告之日起四十五日内向本公司提出清偿债务或提供相应担保的要求。特此公告。

上海市静安区人民法院公告：本院受理申请人申请公示催告一案，经审查申请人提出的公示催告申请符合法律规定，现予公告。自公告之日起六十日内，利害关系人应向本院申报权利。届时如果无人申报权利，本院将依法作出判决，宣告上述票据无效。

本公司遗失营业执照正本、副本，公章一枚，财务专用章一枚，合同专用章一枚，声明作废。本公司拟向公司登记机关申请注销登记，请债权人于本公告发布之日起四十五日内向本公司清算组申报债权。特此公告。

经股东会决议，本公司注册资本由原金额减少至新金额，请债权人自本公告之日起四十五日内向本公司提出清偿债务或提供相应担保的要求。特此公告。

上海市静安区人民法院公告：本院受理申请人申请公示催告一案，经审查申请人提出的公示催告申请符合法律规定，现予公告。自公告之日起六十日内，利害关系人应向本院申报权利。届时如果无人申报权利，本院将依法作出判决，宣告上述票据无效。

本公司遗失营业执照正本、副本，公章一枚，财务专用章一枚，合同专用章一枚，声明作废。本公司拟向公司登记机关申请注销登记，请债权人于本公告发布之日起四十五日内向本公司清算组申报债权。特此公告。

经股东会决议，本公司注册资本由原金额减少至新金额，请债权人自本公告之日起四十五日内向本公司提出清偿债务或提供相应担保的要求。特此公告。

上海市静安区人民法院公告：本院受理申请人申请公示催告一案，经审查申请人提出的公示催告申请符合法律规定，现予公告。自公告之日起六十日内，利害关系人应向本院申报权利。届时如果无人申报权利，本院将依法作出判决，宣告上述票据无效。

本公司遗失营业执照正本、副本，公章一枚，财务专用章一枚，合同专用章一枚，声明作废。本公司拟向公司登记机关申请注销登记，请债权人于本公告发布之日起四十五日内向本公司清算组申报债权。特此公告。

经股东会决议，本公司注册资本由原金额减少至新金额，请债权人自本公告之日起四十五日内向本公司提出清偿债务或提供相应担保的要求。特此公告。

上海市静安区人民法院公告：本院受理申请人申请公示催告一案，经审查申请人提出的公示催告申请符合法律规定，现予公告。自公告之日起六十日内，利害关系人应向本院申报权利。届时如果无人申报权利，本院将依法作出判决，宣告上述票据无效。

本公司遗失营业执照正本、副本，公章一枚，财务专用章一枚，合同专用章一枚，声明作废。本公司拟向公司登记机关申请注销登记，请债权人于本公告发布之日起四十五日内向本公司清算组申报债权。特此公告。

经股东会决议，本公司注册资本由原金额减少至新金额，请债权人自本公告之日起四十五日内向本公司提出清偿债务或提供相应担保的要求。特此公告。

上海市静安区人民法院公告：本院受理申请人申请公示催告一案，经审查申请人提出的公示催告申请符合法律规定，现予公告。自公告之日起六十日内，利害关系人应向本院申报权利。届时如果无人申报权利，本院将依法作出判决，宣告上述票据无效。

本公司遗失营业执照正本、副本，公章一枚，财务专用章一枚，合同专用章一枚，声明作废。本公司拟向公司登记机关申请注销登记，请债权人于本公告发布之日起四十五日内向本公司清算组申报债权。特此公告。

经股东会决议，本公司注册资本由原金额减少至新金额，请债权人自本公告之日起四十五日内向本公司提出清偿债务或提供相应担保的要求。特此公告。

上海市静安区人民法院公告：本院受理申请人申请公示催告一案，经审查申请人提出的公示催告申请符合法律规定，现予公告。自公告之日起六十日内，利害关系人应向本院申报权利。届时如果无人申报权利，本院将依法作出判决，宣告上述票据无效。

本公司遗失营业执照正本、副本，公章一枚，财务专用章一枚，合同专用章一枚，声明作废。本公司拟向公司登记机关申请注销登记，请债权人于本公告发布之日起四十五日内向本公司清算组申报债权。特此公告。

经股东会决议，本公司注册资本由原金额减少至新金额，请债权人自本公告之日起四十五日内向本公司提出清偿债务或提供相应担保的要求。特此公告。

上海市静安区人民法院公告：本院受理申请人申请公示催告一案，经审查申请人提出的公示催告申请符合法律规定，现予公告。自公告之日起六十日内，利害关系人应向本院申报权利。届时如果无人申报权利，本院将依法作出判决，宣告上述票据无效。

本公司遗失营业执照正本、副本，公章一枚，财务专用章一枚，合同专用章一枚，声明作废。本公司拟向公司登记机关申请注销登记，请债权人于本公告发布之日起四十五日内向本公司清算组申报债权。特此公告。

经股东会决议，本公司注册资本由原金额减少至新金额，请债权人自本公告之日起四十五日内向本公司提出清偿债务或提供相应担保的要求。特此公告。

上海市静安区人民法院公告：本院受理申请人申请公示催告一案，经审查申请人提出的公示催告申请符合法律规定，现予公告。自公告之日起六十日内，利害关系人应向本院申报权利。届时如果无人申报权利，本院将依法作出判决，宣告上述票据无效。

本公司遗失营业执照正本、副本，公章一枚，财务专用章一枚，合同专用章一枚，声明作废。本公司拟向公司登记机关申请注销登记，请债权人于本公告发布之日起四十五日内向本公司清算组申报债权。特此公告。

经股东会决议，本公司注册资本由原金额减少至新金额，请债权人自本公告之日起四十五日内向本公司提出清偿债务或提供相应担保的要求。特此公告。

上海市静安区人民法院公告：本院受理申请人申请公示催告一案，经审查申请人提出的公示催告申请符合法律规定，现予公告。自公告之日起六十日内，利害关系人应向本院申报权利。届时如果无人申报权利，本院将依法作出判决，宣告上述票据无效。

本公司遗失营业执照正本、副本，公章一枚，财务专用章一枚，合同专用章一枚，声明作废。本公司拟向公司登记机关申请注销登记，请债权人于本公告发布之日起四十五日内向本公司清算组申报债权。特此公告。

经股东会决议，本公司注册资本由原金额减少至新金额，请债权人自本公告之日起四十五日内向本公司提出清偿债务或提供相应担保的要求。特此公告。

上海市静安区人民法院公告：本院受理申请人申请公示催告一案，经审查申请人提出的公示催告申请符合法律规定，现予公告。自公告之日起六十日内，利害关系人应向本院申报权利。届时如果无人申报权利，本院将依法作出判决，宣告上述票据无效。

本公司遗失营业执照正本、副本，公章一枚，财务专用章一枚，合同专用章一枚，声明作废。本公司拟向公司登记机关申请注销登记，请债权人于本公告发布之日起四十五日内向本公司清算组申报债权。特此公告。

经股东会决议，本公司注册资本由原金额减少至新金额，请债权人自本公告之日起四十五日内向本公司提出清偿债务或提供相应担保的要求。特此公告。

上海市静安区人民法院公告：本院受理申请人申请公示催告一案，经审查申请人提出的公示催告申请符合法律规定，现予公告。自公告之日起六十日内，利害关系人应向本院申报权利。届时如果无人申报权利，本院将依法作出判决，宣告上述票据无效。

本公司遗失营业执照正本、副本，公章一枚，财务专用章一枚，合同专用章一枚，声明作废。本公司拟向公司登记机关申请注销登记，请债权人于本公告发布之日起四十五日内向本公司清算组申报债权。特此公告。

经股东会决议，本公司注册资本由原金额减少至新金额，请债权人自本公告之日起四十五日内向本公司提出清偿债务或提供相应担保的要求。特此公告。

上海市静安区人民法院公告：本院受理申请人申请公示催告一案，经审查申请人提出的公示催告申请符合法律规定，现予公告。自公告之日起六十日内，利害关系人应向本院申报权利。届时如果无人申报权利，本院将依法作出判决，宣告上述票据无效。

本公司遗失营业执照正本、副本，公章一枚，财务专用章一枚，合同专用章一枚，声明作废。本公司拟向公司登记机关申请注销登记，请债权人于本公告发布之日起四十五日内向本公司清算组申报债权。特此公告。

经股东会决议，本公司注册资本由原金额减少至新金额，请债权人自本公告之日起四十五日内向本公司提出清偿债务或提供相应担保的要求。特此公告。

上海市静安区人民法院公告：本院受理申请人申请公示催告一案，经审查申请人提出的公示催告申请符合法律规定，现予公告。自公告之日起六十日内，利害关系人应向本院申报权利。届时如果无人申报权利，本院将依法作出判决，宣告上述票据无效。

本公司遗失营业执照正本、副本，公章一枚，财务专用章一枚，合同专用章一枚，声明作废。本公司拟向公司登记机关申请注销登记，请债权人于本公告发布之日起四十五日内向本公司清算组申报债权。特此公告。

经股东会决议，本公司注册资本由原金额减少至新金额，请债权人自本公告之日起四十五日内向本公司提出清偿债务或提供相应担保的要求。特此公告。

上海市静安区人民法院公告：本院受理申请人申请公示催告一案，经审查申请人提出的公示催告申请符合法律规定，现予公告。自公告之日起六十日内，利害关系人应向本院申报权利。届时如果无人申报权利，本院将依法作出判决，宣告上述票据无效。

本公司遗失营业执照正本、副本，公章一枚，财务专用章一枚，合同专用章一枚，声明作废。本公司拟向公司登记机关申请注销登记，请债权人于本公告发布之日起四十五日内向本公司清算组申报债权。特此公告。

经股东会决议，本公司注册资本由原金额减少至新金额，请债权人自本公告之日起四十五日内向本公司提出清偿债务或提供相应担保的要求。特此公告。

上海市静安区人民法院公告：本院受理申请人申请公示催告一案，经审查申请人提出的公示催告申请符合法律规定，现予公告。自公告之日起六十日内，利害关系人应向本院申报权利。届时如果无人申报权利，本院将依法作出判决，宣告上述票据无效。

本公司遗失营业执照正本、副本，公章一枚，财务专用章一枚，合同专用章一枚，声明作废。本公司拟向公司登记机关申请注销登记，请债权人于本公告发布之日起四十五日内向本公司清算组申报债权。特此公告。

经股东会决议，本公司注册资本由原金额减少至新金额，请债权人自本公告之日起四十五日内向本公司提出清偿债务或提供相应担保的要求。特此公告。

上海市静安区人民法院公告：本院受理申请人申请公示催告一案，经审查申请人提出的公示催告申请符合法律规定，现予公告。自公告之日起六十日内，利害关系人应向本院申报权利。届时如果无人申报权利，本院将依法作出判决，宣告上述票据无效。

本公司遗失营业执照正本、副本，公章一枚，财务专用章一枚，合同专用章一枚，声明作废。本公司拟向公司登记机关申请注销登记，请债权人于本公告发布之日起四十五日内向本公司清算组申报债权。特此公告。

经股东会决议，本公司注册资本由原金额减少至新金额，请债权人自本公告之日起四十五日内向本公司提出清偿债务或提供相应担保的要求。特此公告。

上海市静安区人民法院公告：本院受理申请人申请公示催告一案，经审查申请人提出的公示催告申请符合法律规定，现予公告。自公告之日起六十日内，利害关系人应向本院申报权利。届时如果无人申报权利，本院将依法作出判决，宣告上述票据无效。

本公司遗失营业执照正本、副本，公章一枚，财务专用章一枚，合同专用章一枚，声明作废。本公司拟向公司登记机关申请注销登记，请债权人于本公告发布之日起四十五日内向本公司清算组申报债权。特此公告。

经股东会决议，本公司注册资本由原金额减少至新金额，请债权人自本公告之日起四十五日内向本公司提出清偿债务或提供相应担保的要求。特此公告。

上海市静安区人民法院公告：本院受理申请人申请公示催告一案，经审查申请人提出的公示催告申请符合法律规定，现予公告。自公告之日起六十日内，利害关系人应向本院申报权利。届时如果无人申报权利，本院将依法作出判决，宣告上述票据无效。

本公司遗失营业执照正本、副本，公章一枚，财务专用章一枚，合同专用章一枚，声明作废。本公司拟向公司登记机关申请注销登记，请债权人于本公告发布之日起四十五日内向本公司清算组申报债权。特此公告。

经股东会决议，本公司注册资本由原金额减少至新金额，请债权人自本公告之日起四十五日内向本公司提出清偿债务或提供相应担保的要求。特此公告。

上海市静安区人民法院公告：本院受理申请人申请公示催告一案，经审查申请人提出的公示催告申请符合法律规定，现予公告。自公告之日起六十日内，利害关系人应向本院申报权利。届时如果无人申报权利，本院将依法作出判决，宣告上述票据无效。

本公司遗失营业执照正本、副本，公章一枚，财务专用章一枚，合同专用章一枚，声明作废。本公司拟向公司登记机关申请注销登记，请债权人于本公告发布之日起四十五日内向本公司清算组申报债权。特此公告。

经股东会决议，本公司注册资本由原金额减少至新金额，请债权人自本公告之日起四十五日内向本公司提出清偿债务或提供相应担保的要求。特此公告。

上海市静安区人民法院公告：本院受理申请人申请公示催告一案，经审查申请人提出的公示催告申请符合法律规定，现予公告。自公告之日起六十日内，利害关系人应向本院申报权利。届时如果无人申报权利，本院将依法作出判决，宣告上述票据无效。

本公司遗失营业执照正本、副本，公章一枚，财务专用章一枚，合同专用章一枚，声明作废。本公司拟向公司登记机关申请注销登记，请债权人于本公告发布之日起四十五日内向本公司清算组申报债权。特此公告。

经股东会决议，本公司注册资本由原金额减少至新金额，请债权人自本公告之日起四十五日内向本公司提出清偿债务或提供相应担保的要求。特此公告。

上海市静安区人民法院公告：本院受理申请人申请公示催告一案，经审查申请人提出的公示催告申请符合法律规定，现予公告。自公告之日起六十日内，利害关系人应向本院申报权利。届时如果无人申报权利，本院将依法作出判决，宣告上述票据无效。

本公司遗失营业执照正本、副本，公章一枚，财务专用章一枚，合同专用章一枚，声明作废。本公司拟向公司登记机关申请注销登记，请债权人于本公告发布之日起四十五日内向本公司清算组申报债权。特此公告。

经股东会决议，本公司注册资本由原金额减少至新金额，请债权人自本公告之日起四十五日内向本公司提出清偿债务或提供相应担保的要求。特此公告。

上海市静安区人民法院公告：本院受理申请人申请公示催告一案，经审查申请人提出的公示催告申请符合法律规定，现予公告。自公告之日起六十日内，利害关系人应向本院申报权利。届时如果无人申报权利，本院将依法作出判决，宣告上述票据无效。

本公司遗失营业执照正本、副本，公章一枚，财务专用章一枚，合同专用章一枚，声明作废。本公司拟向公司登记机关申请注销登记，请债权人于本公告发布之日起四十五日内向本公司清算组申报债权。特此公告。

经股东会决议，本公司注册资本由原金额减少至新金额，请债权人自本公告之日起四十五日内向本公司提出清偿债务或提供相应担保的要求。特此公告。

上海市静安区人民法院公告：本院受理申请人申请公示催告一案，经审查申请人提出的公示催告申请符合法律规定，现予公告。自公告之日起六十日内，利害关系人应向本院申报权利。届时如果无人申报权利，本院将依法作出判决，宣告上述票据无效。

本公司遗失营业执照正本、副本，公章一枚，财务专用章一枚，合同专用章一枚，声明作废。本公司拟向公司登记机关申请注销登记，请债权人于本公告发布之日起四十五日内向本公司清算组申报债权。特此公告。

经股东会决议，本公司注册资本由原金额减少至新金额，请债权人自本公告之日起四十五日内向本公司提出清偿债务或提供相应担保的要求。特此公告。

上海市静安区人民法院公告：本院受理申请人申请公示催告一案，经审查申请人提出的公示催告申请符合法律规定，现予公告。自公告之日起六十日内，利害关系人应向本院申报权利。届时如果无人申报权利，本院将依法作出判决，宣告上述票据无效。

本公司遗失营业执照正本、副本，公章一枚，财务专用章一枚，合同专用章一枚，声明作废。本公司拟向公司登记机关申请注销登记，请债权人于本公告发布之日起四十五日内向本公司清算组申报债权。特此公告。

经股东会决议，本公司注册资本由原金额减少至新金额，请债权人自本公告之日起四十五日内向本公司提出清偿债务或提供相应担保的要求。特此公告。

上海市静安区人民法院公告：本院受理申请人申请公示催告一案，经审查申请人提出的公示催告申请符合法律规定，现予公告。自公告之日起六十日内，利害关系人应向本院申报权利。届时如果无人申报权利，本院将依法作出判决，宣告上述票据无效。

本公司遗失营业执照正本、副本，公章一枚，财务专用章一枚，合同专用章一枚，声明作废。本公司拟向公司登记机关申请注销登记，请债权人于本公告发布之日起四十五日内向本公司清算组申报债权。特此公告。

经股东会决议，本公司注册资本由原金额减少至新金额，请债权人自本公告之日起四十五日内向本公司提出清偿债务或提供相应担保的要求。特此公告。

上海市静安区人民法院公告：本院受理申请人申请公示催告一案，经审查申请人提出的公示催告申请符合法律规定，现予公告。自公告之日起六十日内，利害关系人应向本院申报权利。届时如果无人申报权利，本院将依法作出判决，宣告上述票据无效。

本公司遗失营业执照正本、副本，公章一枚，财务专用章一枚，合同专用章一枚，声明作废。本公司拟向公司登记机关申请注销登记，请债权人于本公告发布之日起四十五日内向本公司清算组申报债权。特此公告。

经股东会决议，本公司注册资本由原金额减少至新金额，请债权人自本公告之日起四十五日内向本公司提出清偿债务或提供相应担保的要求。特此公告。

上海市静安区人民法院公告：本院受理申请人申请公示催告一案，经审查申请人提出的公示催告申请符合法律规定，现予公告。自公告之日起六十日内，利害关系人应向本院申报权利。届时如果无人申报权利，本院将依法作出判决，宣告上述票据无效。

本公司遗失营业执照正本、副本，公章一枚，财务专用章一枚，合同专用章一枚，声明作废。本公司拟向公司登记机关申请注销登记，请债权人于本公告发布之日起四十五日内向本公司清算组申报债权。特此公告。

经股东会决议，本公司注册资本由原金额减少至新金额，请债权人自本公告之日起四十五日内向本公司提出清偿债务或提供相应担保的要求。特此公告。

上海市静安区人民法院公告：本院受理申请人申请公示催告一案，经审查申请人提出的公示催告申请符合法律规定，现予公告。自公告之日起六十日内，利害关系人应向本院申报权利。届时如果无人申报权利，本院将依法作出判决，宣告上述票据无效。

本公司遗失营业执照正本、副本，公章一枚，财务专用章一枚，合同专用章一枚，声明作废。本公司拟向公司登记机关申请注销登记，请债权人于本公告发布之日起四十五日内向本公司清算组申报债权。特此公告。

经股东会决议，本公司注册资本由原金额减少至新金额，请债权人自本公告之日起四十五日内向本公司提出清偿债务或提供相应担保的要求。特此公告。

上海市静安区人民法院公告：本院受理申请人申请公示催告一案，经审查申请人提出的公示催告申请符合法律规定，现予公告。自公告之日起六十日内，利害关系人应向本院申报权利。届时如果无人申报权利，本院将依法作出判决，宣告上述票据无效。

西安市中级人民法院公告：本院受理原告诉被告纠纷一案，因被告下落不明，现依法向你公告送达起诉状副本、应诉通知书、举证通知书及开庭传票。自公告之日起经过三十日即视为送达。

公告专栏

遗失声明：本公司遗失营业执照正本、副本，公章一枚，财务专用章一枚，发票专用章一枚，声明作废。本公司拟向公司登记机关申请注销登记，请债权人于本公告发布之日起四十五日内向本公司清算组申报债权。特此公告。

减资公告：经股东会决议，本公司注册资本由原金额减少至新金额，请债权人自本公告之日起四十五日内向本公司提出清偿债务或提供相应担保的要求。特此公告。

注销公告：经股东决定，本公司拟向公司登记机关申请注销登记，请债权人于本公告发布之日起四十五日内向本公司清算组申报债权。联系人及联系电话详见公司登记信息。特此公告。

遗失声明：本公司遗失营业执照正本、副本，公章一枚，财务专用章一枚，发票专用章一枚，声明作废。本公司拟向公司登记机关申请注销登记，请债权人于本公告发布之日起四十五日内向本公司清算组申报债权。特此公告。

减资公告：经股东会决议，本公司注册资本由原金额减少至新金额，请债权人自本公告之日起四十五日内向本公司提出清偿债务或提供相应担保的要求。特此公告。

注销公告：经股东决定，本公司拟向公司登记机关申请注销登记，请债权人于本公告发布之日起四十五日内向本公司清算组申报债权。联系人及联系电话详见公司登记信息。特此公告。

遗失声明：本公司遗失营业执照正本、副本，公章一枚，财务专用章一枚，发票专用章一枚，声明作废。本公司拟向公司登记机关申请注销登记，请债权人于本公告发布之日起四十五日内向本公司清算组申报债权。特此公告。

减资公告：经股东会决议，本公司注册资本由原金额减少至新金额，请债权人自本公告之日起四十五日内向本公司提出清偿债务或提供相应担保的要求。特此公告。

注销公告：经股东决定，本公司拟向公司登记机关申请注销登记，请债权人于本公告发布之日起四十五日内向本公司清算组申报债权。联系人及联系电话详见公司登记信息。特此公告。

遗失声明：本公司遗失营业执照正本、副本，公章一枚，财务专用章一枚，发票专用章一枚，声明作废。本公司拟向公司登记机关申请注销登记，请债权人于本公告发布之日起四十五日内向本公司清算组申报债权。特此公告。

减资公告：经股东会决议，本公司注册资本由原金额减少至新金额，请债权人自本公告之日起四十五日内向本公司提出清偿债务或提供相应担保的要求。特此公告。

注销公告：经股东决定，本公司拟向公司登记机关申请注销登记，请债权人于本公告发布之日起四十五日内向本公司清算组申报债权。联系人及联系电话详见公司登记信息。特此公告。

遗失声明：本公司遗失营业执照正本、副本，公章一枚，财务专用章一枚，发票专用章一枚，声明作废。本公司拟向公司登记机关申请注销登记，请债权人于本公告发布之日起四十五日内向本公司清算组申报债权。特此公告。

减资公告：经股东会决议，本公司注册资本由原金额减少至新金额，请债权人自本公告之日起四十五日内向本公司提出清偿债务或提供相应担保的要求。特此公告。

注销公告：经股东决定，本公司拟向公司登记机关申请注销登记，请债权人于本公告发布之日起四十五日内向本公司清算组申报债权。联系人及联系电话详见公司登记信息。特此公告。

遗失声明：本公司遗失营业执照正本、副本，公章一枚，财务专用章一枚，发票专用章一枚，声明作废。本公司拟向公司登记机关申请注销登记，请债权人于本公告发布之日起四十五日内向本公司清算组申报债权。特此公告。

减资公告：经股东会决议，本公司注册资本由原金额减少至新金额，请债权人自本公告之日起四十五日内向本公司提出清偿债务或提供相应担保的要求。特此公告。

注销公告：经股东决定，本公司拟向公司登记机关申请注销登记，请债权人于本公告发布之日起四十五日内向本公司清算组申报债权。联系人及联系电话详见公司登记信息。特此公告。

遗失声明：本公司遗失营业执照正本、副本，公章一枚，财务专用章一枚，发票专用章一枚，声明作废。本公司拟向公司登记机关申请注销登记，请债权人于本公告发布之日起四十五日内向本公司清算组申报债权。特此公告。

减资公告：经股东会决议，本公司注册资本由原金额减少至新金额，请债权人自本公告之日起四十五日内向本公司提出清偿债务或提供相应担保的要求。特此公告。

注销公告：经股东决定，本公司拟向公司登记机关申请注销登记，请债权人于本公告发布之日起四十五日内向本公司清算组申报债权。联系人及联系电话详见公司登记信息。特此公告。

遗失声明：本公司遗失营业执照正本、副本，公章一枚，财务专用章一枚，发票专用章一枚，声明作废。本公司拟向公司登记机关申请注销登记，请债权人于本公告发布之日起四十五日内向本公司清算组申报债权。特此公告。

减资公告：经股东会决议，本公司注册资本由原金额减少至新金额，请债权人自本公告之日起四十五日内向本公司提出清偿债务或提供相应担保的要求。特此公告。

注销公告：经股东决定，本公司拟向公司登记机关申请注销登记，请债权人于本公告发布之日起四十五日内向本公司清算组申报债权。联系人及联系电话详见公司登记信息。特此公告。

遗失声明：本公司遗失营业执照正本、副本，公章一枚，财务专用章一枚，发票专用章一枚，声明作废。本公司拟向公司登记机关申请注销登记，请债权人于本公告发布之日起四十五日内向本公司清算组申报债权。特此公告。

减资公告：经股东会决议，本公司注册资本由原金额减少至新金额，请债权人自本公告之日起四十五日内向本公司提出清偿债务或提供相应担保的要求。特此公告。

注销公告：经股东决定，本公司拟向公司登记机关申请注销登记，请债权人于本公告发布之日起四十五日内向本公司清算组申报债权。联系人及联系电话详见公司登记信息。特此公告。

遗失声明：本公司遗失营业执照正本、副本，公章一枚，财务专用章一枚，发票专用章一枚，声明作废。本公司拟向公司登记机关申请注销登记，请债权人于本公告发布之日起四十五日内向本公司清算组申报债权。特此公告。

减资公告：经股东会决议，本公司注册资本由原金额减少至新金额，请债权人自本公告之日起四十五日内向本公司提出清偿债务或提供相应担保的要求。特此公告。

注销公告：经股东决定，本公司拟向公司登记机关申请注销登记，请债权人于本公告发布之日起四十五日内向本公司清算组申报债权。联系人及联系电话详见公司登记信息。特此公告。

遗失声明：本公司遗失营业执照正本、副本，公章一枚，财务专用章一枚，发票专用章一枚，声明作废。本公司拟向公司登记机关申请注销登记，请债权人于本公告发布之日起四十五日内向本公司清算组申报债权。特此公告。

减资公告：经股东会决议，本公司注册资本由原金额减少至新金额，请债权人自本公告之日起四十五日内向本公司提出清偿债务或提供相应担保的要求。特此公告。

注销公告：经股东决定，本公司拟向公司登记机关申请注销登记，请债权人于本公告发布之日起四十五日内向本公司清算组申报债权。联系人及联系电话详见公司登记信息。特此公告。

遗失声明：本公司遗失营业执照正本、副本，公章一枚，财务专用章一枚，发票专用章一枚，声明作废。本公司拟向公司登记机关申请注销登记，请债权人于本公告发布之日起四十五日内向本公司清算组申报债权。特此公告。

减资公告：经股东会决议，本公司注册资本由原金额减少至新金额，请债权人自本公告之日起四十五日内向本公司提出清偿债务或提供相应担保的要求。特此公告。

注销公告：经股东决定，本公司拟向公司登记机关申请注销登记，请债权人于本公告发布之日起四十五日内向本公司清算组申报债权。联系人及联系电话详见公司登记信息。特此公告。

遗失声明：本公司遗失营业执照正本、副本，公章一枚，财务专用章一枚，发票专用章一枚，声明作废。本公司拟向公司登记机关申请注销登记，请债权人于本公告发布之日起四十五日内向本公司清算组申报债权。特此公告。

减资公告：经股东会决议，本公司注册资本由原金额减少至新金额，请债权人自本公告之日起四十五日内向本公司提出清偿债务或提供相应担保的要求。特此公告。

注销公告：经股东决定，本公司拟向公司登记机关申请注销登记，请债权人于本公告发布之日起四十五日内向本公司清算组申报债权。联系人及联系电话详见公司登记信息。特此公告。

遗失声明：本公司遗失营业执照正本、副本，公章一枚，财务专用章一枚，发票专用章一枚，声明作废。本公司拟向公司登记机关申请注销登记，请债权人于本公告发布之日起四十五日内向本公司清算组申报债权。特此公告。

减资公告：经股东会决议，本公司注册资本由原金额减少至新金额，请债权人自本公告之日起四十五日内向本公司提出清偿债务或提供相应担保的要求。特此公告。

注销公告：经股东决定，本公司拟向公司登记机关申请注销登记，请债权人于本公告发布之日起四十五日内向本公司清算组申报债权。联系人及联系电话详见公司登记信息。特此公告。

遗失声明：本公司遗失营业执照正本、副本，公章一枚，财务专用章一枚，发票专用章一枚，声明作废。本公司拟向公司登记机关申请注销登记，请债权人于本公告发布之日起四十五日内向本公司清算组申报债权。特此公告。

减资公告：经股东会决议，本公司注册资本由原金额减少至新金额，请债权人自本公告之日起四十五日内向本公司提出清偿债务或提供相应担保的要求。特此公告。

注销公告：经股东决定，本公司拟向公司登记机关申请注销登记，请债权人于本公告发布之日起四十五日内向本公司清算组申报债权。联系人及联系电话详见公司登记信息。特此公告。

遗失声明：本公司遗失营业执照正本、副本，公章一枚，财务专用章一枚，发票专用章一枚，声明作废。本公司拟向公司登记机关申请注销登记，请债权人于本公告发布之日起四十五日内向本公司清算组申报债权。特此公告。

减资公告：经股东会决议，本公司注册资本由原金额减少至新金额，请债权人自本公告之日起四十五日内向本公司提出清偿债务或提供相应担保的要求。特此公告。

注销公告：经股东决定，本公司拟向公司登记机关申请注销登记，请债权人于本公告发布之日起四十五日内向本公司清算组申报债权。联系人及联系电话详见公司登记信息。特此公告。

遗失声明：本公司遗失营业执照正本、副本，公章一枚，财务专用章一枚，发票专用章一枚，声明作废。本公司拟向公司登记机关申请注销登记，请债权人于本公告发布之日起四十五日内向本公司清算组申报债权。特此公告。

减资公告：经股东会决议，本公司注册资本由原金额减少至新金额，请债权人自本公告之日起四十五日内向本公司提出清偿债务或提供相应担保的要求。特此公告。

注销公告：经股东决定，本公司拟向公司登记机关申请注销登记，请债权人于本公告发布之日起四十五日内向本公司清算组申报债权。联系人及联系电话详见公司登记信息。特此公告。

遗失声明：本公司遗失营业执照正本、副本，公章一枚，财务专用章一枚，发票专用章一枚，声明作废。本公司拟向公司登记机关申请注销登记，请债权人于本公告发布之日起四十五日内向本公司清算组申报债权。特此公告。

减资公告：经股东会决议，本公司注册资本由原金额减少至新金额，请债权人自本公告之日起四十五日内向本公司提出清偿债务或提供相应担保的要求。特此公告。

注销公告：经股东决定，本公司拟向公司登记机关申请注销登记，请债权人于本公告发布之日起四十五日内向本公司清算组申报债权。联系人及联系电话详见公司登记信息。特此公告。

遗失声明：本公司遗失营业执照正本、副本，公章一枚，财务专用章一枚，发票专用章一枚，声明作废。本公司拟向公司登记机关申请注销登记，请债权人于本公告发布之日起四十五日内向本公司清算组申报债权。特此公告。

减资公告：经股东会决议，本公司注册资本由原金额减少至新金额，请债权人自本公告之日起四十五日内向本公司提出清偿债务或提供相应担保的要求。特此公告。

注销公告：经股东决定，本公司拟向公司登记机关申请注销登记，请债权人于本公告发布之日起四十五日内向本公司清算组申报债权。联系人及联系电话详见公司登记信息。特此公告。

遗失声明：本公司遗失营业执照正本、副本，公章一枚，财务专用章一枚，发票专用章一枚，声明作废。本公司拟向公司登记机关申请注销登记，请债权人于本公告发布之日起四十五日内向本公司清算组申报债权。特此公告。

减资公告：经股东会决议，本公司注册资本由原金额减少至新金额，请债权人自本公告之日起四十五日内向本公司提出清偿债务或提供相应担保的要求。特此公告。

注销公告：经股东决定，本公司拟向公司登记机关申请注销登记，请债权人于本公告发布之日起四十五日内向本公司清算组申报债权。联系人及联系电话详见公司登记信息。特此公告。

遗失声明：本公司遗失营业执照正本、副本，公章一枚，财务专用章一枚，发票专用章一枚，声明作废。本公司拟向公司登记机关申请注销登记，请债权人于本公告发布之日起四十五日内向本公司清算组申报债权。特此公告。

减资公告：经股东会决议，本公司注册资本由原金额减少至新金额，请债权人自本公告之日起四十五日内向本公司提出清偿债务或提供相应担保的要求。特此公告。

注销公告：经股东决定，本公司拟向公司登记机关申请注销登记，请债权人于本公告发布之日起四十五日内向本公司清算组申报债权。联系人及联系电话详见公司登记信息。特此公告。

遗失声明：本公司遗失营业执照正本、副本，公章一枚，财务专用章一枚，发票专用章一枚，声明作废。本公司拟向公司登记机关申请注销登记，请债权人于本公告发布之日起四十五日内向本公司清算组申报债权。特此公告。

减资公告：经股东会决议，本公司注册资本由原金额减少至新金额，请债权人自本公告之日起四十五日内向本公司提出清偿债务或提供相应担保的要求。特此公告。

注销公告：经股东决定，本公司拟向公司登记机关申请注销登记，请债权人于本公告发布之日起四十五日内向本公司清算组申报债权。联系人及联系电话详见公司登记信息。特此公告。

遗失声明：本公司遗失营业执照正本、副本，公章一枚，财务专用章一枚，发票专用章一枚，声明作废。本公司拟向公司登记机关申请注销登记，请债权人于本公告发布之日起四十五日内向本公司清算组申报债权。特此公告。

减资公告：经股东会决议，本公司注册资本由原金额减少至新金额，请债权人自本公告之日起四十五日内向本公司提出清偿债务或提供相应担保的要求。特此公告。

注销公告：经股东决定，本公司拟向公司登记机关申请注销登记，请债权人于本公告发布之日起四十五日内向本公司清算组申报债权。联系人及联系电话详见公司登记信息。特此公告。

遗失声明：本公司遗失营业执照正本、副本，公章一枚，财务专用章一枚，发票专用章一枚，声明作废。本公司拟向公司登记机关申请注销登记，请债权人于本公告发布之日起四十五日内向本公司清算组申报债权。特此公告。

减资公告：经股东会决议，本公司注册资本由原金额减少至新金额，请债权人自本公告之日起四十五日内向本公司提出清偿债务或提供相应担保的要求。特此公告。

注销公告：经股东决定，本公司拟向公司登记机关申请注销登记，请债权人于本公告发布之日起四十五日内向本公司清算组申报债权。联系人及联系电话详见公司登记信息。特此公告。

遗失声明：本公司遗失营业执照正本、副本，公章一枚，财务专用章一枚，发票专用章一枚，声明作废。本公司拟向公司登记机关申请注销登记，请债权人于本公告发布之日起四十五日内向本公司清算组申报债权。特此公告。

减资公告：经股东会决议，本公司注册资本由原金额减少至新金额，请债权人自本公告之日起四十五日内向本公司提出清偿债务或提供相应担保的要求。特此公告。

注销公告：经股东决定，本公司拟向公司登记机关申请注销登记，请债权人于本公告发布之日起四十五日内向本公司清算组申报债权。联系人及联系电话详见公司登记信息。特此公告。

遗失声明：本公司遗失营业执照正本、副本，公章一枚，财务专用章一枚，发票专用章一枚，声明作废。本公司拟向公司登记机关申请注销登记，请债权人于本公告发布之日起四十五日内向本公司清算组申报债权。特此公告。

减资公告：经股东会决议，本公司注册资本由原金额减少至新金额，请债权人自本公告之日起四十五日内向本公司提出清偿债务或提供相应担保的要求。特此公告。

注销公告：经股东决定，本公司拟向公司登记机关申请注销登记，请债权人于本公告发布之日起四十五日内向本公司清算组申报债权。联系人及联系电话详见公司登记信息。特此公告。

遗失声明：本公司遗失营业执照正本、副本，公章一枚，财务专用章一枚，发票专用章一枚，声明作废。本公司拟向公司登记机关申请注销登记，请债权人于本公告发布之日起四十五日内向本公司清算组申报债权。特此公告。

减资公告：经股东会决议，本公司注册资本由原金额减少至新金额，请债权人自本公告之日起四十五日内向本公司提出清偿债务或提供相应担保的要求。特此公告。

注销公告：经股东决定，本公司拟向公司登记机关申请注销登记，请债权人于本公告发布之日起四十五日内向本公司清算组申报债权。联系人及联系电话详见公司登记信息。特此公告。

遗失声明：本公司遗失营业执照正本、副本，公章一枚，财务专用章一枚，发票专用章一枚，声明作废。本公司拟向公司登记机关申请注销登记，请债权人于本公告发布之日起四十五日内向本公司清算组申报债权。特此公告。

减资公告：经股东会决议，本公司注册资本由原金额减少至新金额，请债权人自本公告之日起四十五日内向本公司提出清偿债务或提供相应担保的要求。特此公告。

注销公告：经股东决定，本公司拟向公司登记机关申请注销登记，请债权人于本公告发布之日起四十五日内向本公司清算组申报债权。联系人及联系电话详见公司登记信息。特此公告。

遗失声明：本公司遗失营业执照正本、副本，公章一枚，财务专用章一枚，发票专用章一枚，声明作废。本公司拟向公司登记机关申请注销登记，请债权人于本公告发布之日起四十五日内向本公司清算组申报债权。特此公告。

减资公告：经股东会决议，本公司注册资本由原金额减少至新金额，请债权人自本公告之日起四十五日内向本公司提出清偿债务或提供相应担保的要求。特此公告。

注销公告：经股东决定，本公司拟向公司登记机关申请注销登记，请债权人于本公告发布之日起四十五日内向本公司清算组申报债权。联系人及联系电话详见公司登记信息。特此公告。

遗失声明：本公司遗失营业执照正本、副本，公章一枚，财务专用章一枚，发票专用章一枚，声明作废。本公司拟向公司登记机关申请注销登记，请债权人于本公告发布之日起四十五日内向本公司清算组申报债权。特此公告。

减资公告：经股东会决议，本公司注册资本由原金额减少至新金额，请债权人自本公告之日起四十五日内向本公司提出清偿债务或提供相应担保的要求。特此公告。

注销公告：经股东决定，本公司拟向公司登记机关申请注销登记，请债权人于本公告发布之日起四十五日内向本公司清算组申报债权。联系人及联系电话详见公司登记信息。特此公告。

遗失声明：本公司遗失营业执照正本、副本，公章一枚，财务专用章一枚，发票专用章一枚，声明作废。本公司拟向公司登记机关申请注销登记，请债权人于本公告发布之日起四十五日内向本公司清算组申报债权。特此公告。

减资公告：经股东会决议，本公司注册资本由原金额减少至新金额，请债权人自本公告之日起四十五日内向本公司提出清偿债务或提供相应担保的要求。特此公告。

注销公告：经股东决定，本公司拟向公司登记机关申请注销登记，请债权人于本公告发布之日起四十五日内向本公司清算组申报债权。联系人及联系电话详见公司登记信息。特此公告。

遗失声明：本公司遗失营业执照正本、副本，公章一枚，财务专用章一枚，发票专用章一枚，声明作废。本公司拟向公司登记机关申请注销登记，请债权人于本公告发布之日起四十五日内向本公司清算组申报债权。特此公告。

减资公告：经股东会决议，本公司注册资本由原金额减少至新金额，请债权人自本公告之日起四十五日内向本公司提出清偿债务或提供相应担保的要求。特此公告。

注销公告：经股东决定，本公司拟向公司登记机关申请注销登记，请债权人于本公告发布之日起四十五日内向本公司清算组申报债权。联系人及联系电话详见公司登记信息。特此公告。

催款声明

根据相关合同约定，请上述债务人自本声明发布之日起三十日内与本公司联系并履行还款义务。逾期不履行的，本公司将依法通过诉讼等方式追究相应的法律责任。特此声明。

2023年6月
